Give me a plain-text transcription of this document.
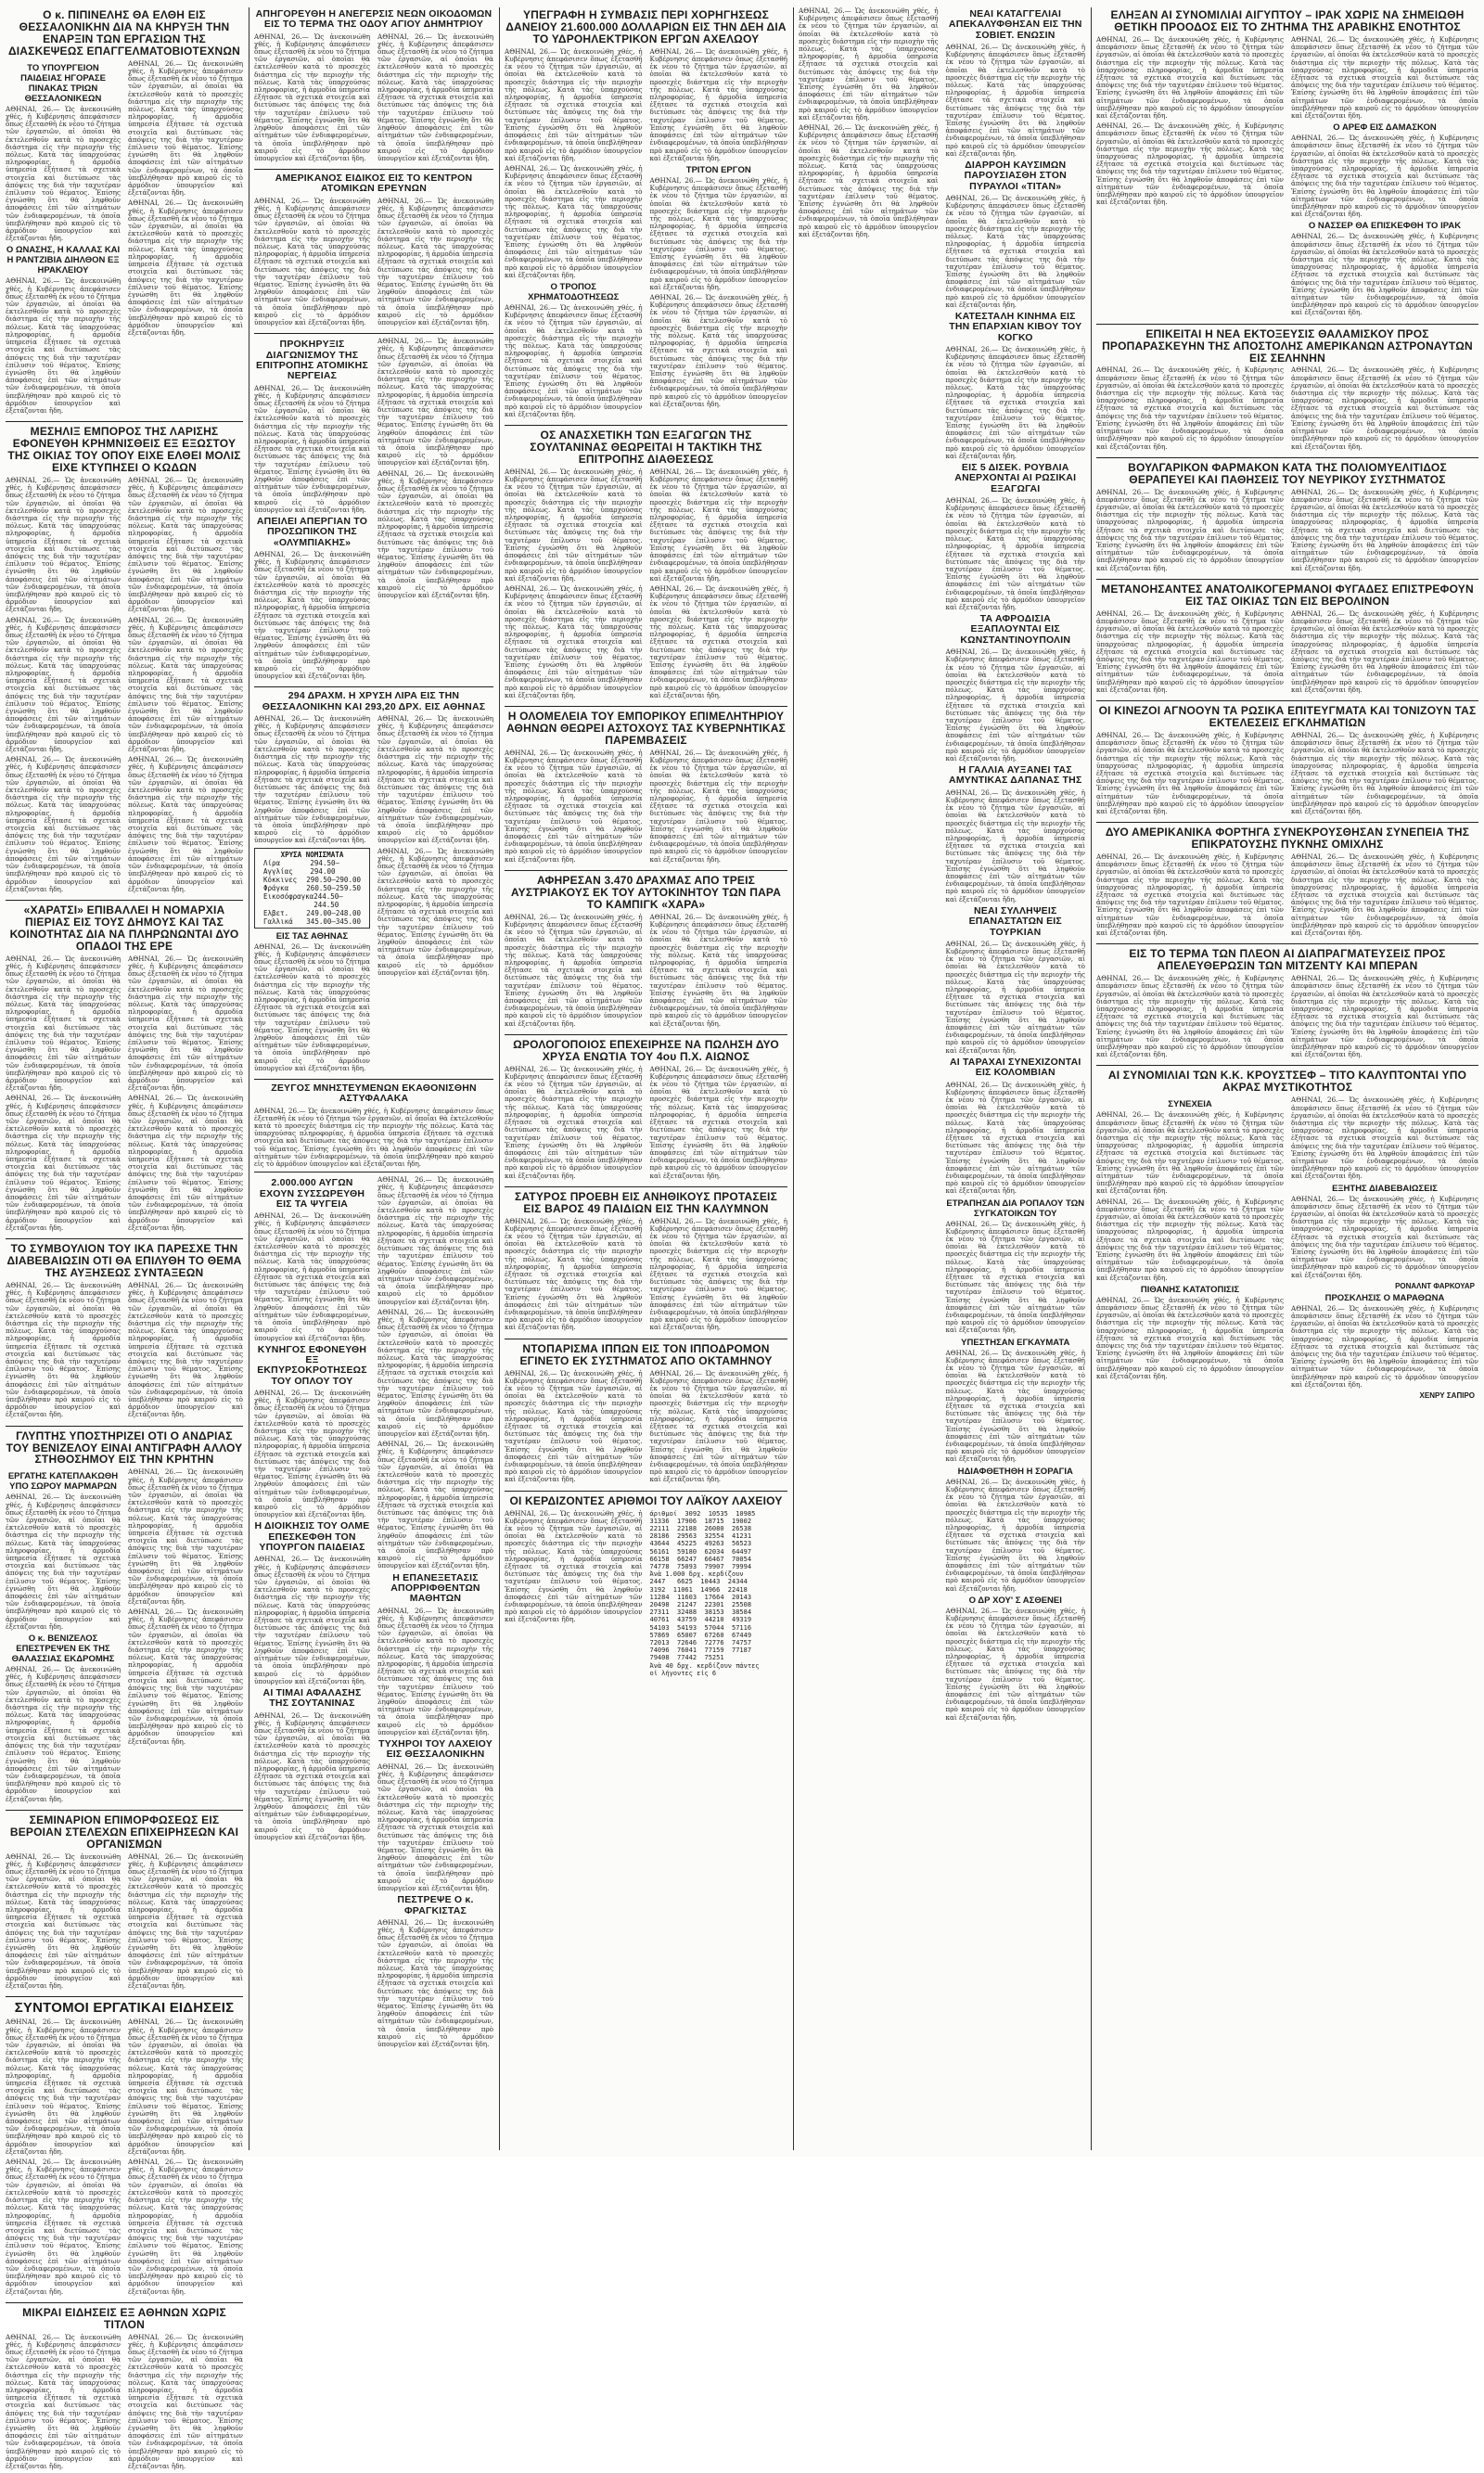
Ο κ. ΠΙΠΙΝΕΛΗΣ ΘΑ ΕΛΘΗ ΕΙΣ ΘΕΣΣΑΛΟΝΙΚΗΝ ΔΙΑ ΝΑ ΚΗΡΥΞΗ ΤΗΝ ΕΝΑΡΞΙΝ ΤΩΝ ΕΡΓΑΣΙΩΝ ΤΗΣ ΔΙΑΣΚΕΨΕΩΣ ΕΠΑΓΓΕΛΜΑΤΟΒΙΟΤΕΧΝΩΝ
ΤΟ ΥΠΟΥΡΓΕΙΟΝ ΠΑΙΔΕΙΑΣ ΗΓΟΡΑΣΕ ΠΙΝΑΚΑΣ ΤΡΙΩΝ ΘΕΣΣΑΛΟΝΙΚΕΩΝ

ΑΘΗΝΑΙ, 26.— Ὡς ἀνεκοινώθη χθές, ἡ Κυβέρνησις ἀπεφάσισεν ὅπως ἐξετασθῆ ἐκ νέου τό ζήτημα τῶν ἐργασιῶν, αἱ ὁποῖαι θὰ ἐκτελεσθοῦν κατὰ τὸ προσεχὲς διάστημα εἰς τὴν περιοχὴν τῆς πόλεως. Κατὰ τὰς ὑπαρχούσας πληροφορίας, ἡ ἀρμοδία ὑπηρεσία ἐξήτασε τὰ σχετικὰ στοιχεῖα καὶ διετύπωσε τὰς ἀπόψεις της διὰ τὴν ταχυτέραν ἐπίλυσιν τοῦ θέματος. Ἐπίσης ἐγνώσθη ὅτι θὰ ληφθοῦν ἀποφάσεις ἐπὶ τῶν αἰτημάτων τῶν ἐνδιαφερομένων, τὰ ὁποῖα ὑπεβλήθησαν πρὸ καιροῦ εἰς τὸ ἁρμόδιον ὑπουργεῖον καὶ ἐξετάζονται ἤδη.

Ο ΩΝΑΣΗΣ, Η ΚΑΛΛΑΣ ΚΑΙ Η ΡΑΝΤΖΙΒΙΑ ΔΙΗΛΘΟΝ ΕΞ ΗΡΑΚΛΕΙΟΥ

ΑΘΗΝΑΙ, 26.— Ὡς ἀνεκοινώθη χθές, ἡ Κυβέρνησις ἀπεφάσισεν ὅπως ἐξετασθῆ ἐκ νέου τό ζήτημα τῶν ἐργασιῶν, αἱ ὁποῖαι θὰ ἐκτελεσθοῦν κατὰ τὸ προσεχὲς διάστημα εἰς τὴν περιοχὴν τῆς πόλεως. Κατὰ τὰς ὑπαρχούσας πληροφορίας, ἡ ἀρμοδία ὑπηρεσία ἐξήτασε τὰ σχετικὰ στοιχεῖα καὶ διετύπωσε τὰς ἀπόψεις της διὰ τὴν ταχυτέραν ἐπίλυσιν τοῦ θέματος. Ἐπίσης ἐγνώσθη ὅτι θὰ ληφθοῦν ἀποφάσεις ἐπὶ τῶν αἰτημάτων τῶν ἐνδιαφερομένων, τὰ ὁποῖα ὑπεβλήθησαν πρὸ καιροῦ εἰς τὸ ἁρμόδιον ὑπουργεῖον καὶ ἐξετάζονται ἤδη.

ΑΘΗΝΑΙ, 26.— Ὡς ἀνεκοινώθη χθές, ἡ Κυβέρνησις ἀπεφάσισεν ὅπως ἐξετασθῆ ἐκ νέου τό ζήτημα τῶν ἐργασιῶν, αἱ ὁποῖαι θὰ ἐκτελεσθοῦν κατὰ τὸ προσεχὲς διάστημα εἰς τὴν περιοχὴν τῆς πόλεως. Κατὰ τὰς ὑπαρχούσας πληροφορίας, ἡ ἀρμοδία ὑπηρεσία ἐξήτασε τὰ σχετικὰ στοιχεῖα καὶ διετύπωσε τὰς ἀπόψεις της διὰ τὴν ταχυτέραν ἐπίλυσιν τοῦ θέματος. Ἐπίσης ἐγνώσθη ὅτι θὰ ληφθοῦν ἀποφάσεις ἐπὶ τῶν αἰτημάτων τῶν ἐνδιαφερομένων, τὰ ὁποῖα ὑπεβλήθησαν πρὸ καιροῦ εἰς τὸ ἁρμόδιον ὑπουργεῖον καὶ ἐξετάζονται ἤδη.

ΑΘΗΝΑΙ, 26.— Ὡς ἀνεκοινώθη χθές, ἡ Κυβέρνησις ἀπεφάσισεν ὅπως ἐξετασθῆ ἐκ νέου τό ζήτημα τῶν ἐργασιῶν, αἱ ὁποῖαι θὰ ἐκτελεσθοῦν κατὰ τὸ προσεχὲς διάστημα εἰς τὴν περιοχὴν τῆς πόλεως. Κατὰ τὰς ὑπαρχούσας πληροφορίας, ἡ ἀρμοδία ὑπηρεσία ἐξήτασε τὰ σχετικὰ στοιχεῖα καὶ διετύπωσε τὰς ἀπόψεις της διὰ τὴν ταχυτέραν ἐπίλυσιν τοῦ θέματος. Ἐπίσης ἐγνώσθη ὅτι θὰ ληφθοῦν ἀποφάσεις ἐπὶ τῶν αἰτημάτων τῶν ἐνδιαφερομένων, τὰ ὁποῖα ὑπεβλήθησαν πρὸ καιροῦ εἰς τὸ ἁρμόδιον ὑπουργεῖον καὶ ἐξετάζονται ἤδη.

ΜΕΣΗΛΙΞ ΕΜΠΟΡΟΣ ΤΗΣ ΛΑΡΙΣΗΣ ΕΦΟΝΕΥΘΗ ΚΡΗΜΝΙΣΘΕΙΣ ΕΞ ΕΞΩΣΤΟΥ ΤΗΣ ΟΙΚΙΑΣ ΤΟΥ ΟΠΟΥ ΕΙΧΕ ΕΛΘΕΙ ΜΟΛΙΣ ΕΙΧΕ ΚΤΥΠΗΣΕΙ Ο ΚΩΔΩΝ

ΑΘΗΝΑΙ, 26.— Ὡς ἀνεκοινώθη χθές, ἡ Κυβέρνησις ἀπεφάσισεν ὅπως ἐξετασθῆ ἐκ νέου τό ζήτημα τῶν ἐργασιῶν, αἱ ὁποῖαι θὰ ἐκτελεσθοῦν κατὰ τὸ προσεχὲς διάστημα εἰς τὴν περιοχὴν τῆς πόλεως. Κατὰ τὰς ὑπαρχούσας πληροφορίας, ἡ ἀρμοδία ὑπηρεσία ἐξήτασε τὰ σχετικὰ στοιχεῖα καὶ διετύπωσε τὰς ἀπόψεις της διὰ τὴν ταχυτέραν ἐπίλυσιν τοῦ θέματος. Ἐπίσης ἐγνώσθη ὅτι θὰ ληφθοῦν ἀποφάσεις ἐπὶ τῶν αἰτημάτων τῶν ἐνδιαφερομένων, τὰ ὁποῖα ὑπεβλήθησαν πρὸ καιροῦ εἰς τὸ ἁρμόδιον ὑπουργεῖον καὶ ἐξετάζονται ἤδη.

ΑΘΗΝΑΙ, 26.— Ὡς ἀνεκοινώθη χθές, ἡ Κυβέρνησις ἀπεφάσισεν ὅπως ἐξετασθῆ ἐκ νέου τό ζήτημα τῶν ἐργασιῶν, αἱ ὁποῖαι θὰ ἐκτελεσθοῦν κατὰ τὸ προσεχὲς διάστημα εἰς τὴν περιοχὴν τῆς πόλεως. Κατὰ τὰς ὑπαρχούσας πληροφορίας, ἡ ἀρμοδία ὑπηρεσία ἐξήτασε τὰ σχετικὰ στοιχεῖα καὶ διετύπωσε τὰς ἀπόψεις της διὰ τὴν ταχυτέραν ἐπίλυσιν τοῦ θέματος. Ἐπίσης ἐγνώσθη ὅτι θὰ ληφθοῦν ἀποφάσεις ἐπὶ τῶν αἰτημάτων τῶν ἐνδιαφερομένων, τὰ ὁποῖα ὑπεβλήθησαν πρὸ καιροῦ εἰς τὸ ἁρμόδιον ὑπουργεῖον καὶ ἐξετάζονται ἤδη.

ΑΘΗΝΑΙ, 26.— Ὡς ἀνεκοινώθη χθές, ἡ Κυβέρνησις ἀπεφάσισεν ὅπως ἐξετασθῆ ἐκ νέου τό ζήτημα τῶν ἐργασιῶν, αἱ ὁποῖαι θὰ ἐκτελεσθοῦν κατὰ τὸ προσεχὲς διάστημα εἰς τὴν περιοχὴν τῆς πόλεως. Κατὰ τὰς ὑπαρχούσας πληροφορίας, ἡ ἀρμοδία ὑπηρεσία ἐξήτασε τὰ σχετικὰ στοιχεῖα καὶ διετύπωσε τὰς ἀπόψεις της διὰ τὴν ταχυτέραν ἐπίλυσιν τοῦ θέματος. Ἐπίσης ἐγνώσθη ὅτι θὰ ληφθοῦν ἀποφάσεις ἐπὶ τῶν αἰτημάτων τῶν ἐνδιαφερομένων, τὰ ὁποῖα ὑπεβλήθησαν πρὸ καιροῦ εἰς τὸ ἁρμόδιον ὑπουργεῖον καὶ ἐξετάζονται ἤδη.

ΑΘΗΝΑΙ, 26.— Ὡς ἀνεκοινώθη χθές, ἡ Κυβέρνησις ἀπεφάσισεν ὅπως ἐξετασθῆ ἐκ νέου τό ζήτημα τῶν ἐργασιῶν, αἱ ὁποῖαι θὰ ἐκτελεσθοῦν κατὰ τὸ προσεχὲς διάστημα εἰς τὴν περιοχὴν τῆς πόλεως. Κατὰ τὰς ὑπαρχούσας πληροφορίας, ἡ ἀρμοδία ὑπηρεσία ἐξήτασε τὰ σχετικὰ στοιχεῖα καὶ διετύπωσε τὰς ἀπόψεις της διὰ τὴν ταχυτέραν ἐπίλυσιν τοῦ θέματος. Ἐπίσης ἐγνώσθη ὅτι θὰ ληφθοῦν ἀποφάσεις ἐπὶ τῶν αἰτημάτων τῶν ἐνδιαφερομένων, τὰ ὁποῖα ὑπεβλήθησαν πρὸ καιροῦ εἰς τὸ ἁρμόδιον ὑπουργεῖον καὶ ἐξετάζονται ἤδη.

ΑΘΗΝΑΙ, 26.— Ὡς ἀνεκοινώθη χθές, ἡ Κυβέρνησις ἀπεφάσισεν ὅπως ἐξετασθῆ ἐκ νέου τό ζήτημα τῶν ἐργασιῶν, αἱ ὁποῖαι θὰ ἐκτελεσθοῦν κατὰ τὸ προσεχὲς διάστημα εἰς τὴν περιοχὴν τῆς πόλεως. Κατὰ τὰς ὑπαρχούσας πληροφορίας, ἡ ἀρμοδία ὑπηρεσία ἐξήτασε τὰ σχετικὰ στοιχεῖα καὶ διετύπωσε τὰς ἀπόψεις της διὰ τὴν ταχυτέραν ἐπίλυσιν τοῦ θέματος. Ἐπίσης ἐγνώσθη ὅτι θὰ ληφθοῦν ἀποφάσεις ἐπὶ τῶν αἰτημάτων τῶν ἐνδιαφερομένων, τὰ ὁποῖα ὑπεβλήθησαν πρὸ καιροῦ εἰς τὸ ἁρμόδιον ὑπουργεῖον καὶ ἐξετάζονται ἤδη.

ΑΘΗΝΑΙ, 26.— Ὡς ἀνεκοινώθη χθές, ἡ Κυβέρνησις ἀπεφάσισεν ὅπως ἐξετασθῆ ἐκ νέου τό ζήτημα τῶν ἐργασιῶν, αἱ ὁποῖαι θὰ ἐκτελεσθοῦν κατὰ τὸ προσεχὲς διάστημα εἰς τὴν περιοχὴν τῆς πόλεως. Κατὰ τὰς ὑπαρχούσας πληροφορίας, ἡ ἀρμοδία ὑπηρεσία ἐξήτασε τὰ σχετικὰ στοιχεῖα καὶ διετύπωσε τὰς ἀπόψεις της διὰ τὴν ταχυτέραν ἐπίλυσιν τοῦ θέματος. Ἐπίσης ἐγνώσθη ὅτι θὰ ληφθοῦν ἀποφάσεις ἐπὶ τῶν αἰτημάτων τῶν ἐνδιαφερομένων, τὰ ὁποῖα ὑπεβλήθησαν πρὸ καιροῦ εἰς τὸ ἁρμόδιον ὑπουργεῖον καὶ ἐξετάζονται ἤδη.

«ΧΑΡΑΤΣΙ» ΕΠΙΒΑΛΛΕΙ Η ΝΟΜΑΡΧΙΑ ΠΙΕΡΙΑΣ ΕΙΣ ΤΟΥΣ ΔΗΜΟΥΣ ΚΑΙ ΤΑΣ ΚΟΙΝΟΤΗΤΑΣ ΔΙΑ ΝΑ ΠΛΗΡΩΝΩΝΤΑΙ ΔΥΟ ΟΠΑΔΟΙ ΤΗΣ ΕΡΕ

ΑΘΗΝΑΙ, 26.— Ὡς ἀνεκοινώθη χθές, ἡ Κυβέρνησις ἀπεφάσισεν ὅπως ἐξετασθῆ ἐκ νέου τό ζήτημα τῶν ἐργασιῶν, αἱ ὁποῖαι θὰ ἐκτελεσθοῦν κατὰ τὸ προσεχὲς διάστημα εἰς τὴν περιοχὴν τῆς πόλεως. Κατὰ τὰς ὑπαρχούσας πληροφορίας, ἡ ἀρμοδία ὑπηρεσία ἐξήτασε τὰ σχετικὰ στοιχεῖα καὶ διετύπωσε τὰς ἀπόψεις της διὰ τὴν ταχυτέραν ἐπίλυσιν τοῦ θέματος. Ἐπίσης ἐγνώσθη ὅτι θὰ ληφθοῦν ἀποφάσεις ἐπὶ τῶν αἰτημάτων τῶν ἐνδιαφερομένων, τὰ ὁποῖα ὑπεβλήθησαν πρὸ καιροῦ εἰς τὸ ἁρμόδιον ὑπουργεῖον καὶ ἐξετάζονται ἤδη.

ΑΘΗΝΑΙ, 26.— Ὡς ἀνεκοινώθη χθές, ἡ Κυβέρνησις ἀπεφάσισεν ὅπως ἐξετασθῆ ἐκ νέου τό ζήτημα τῶν ἐργασιῶν, αἱ ὁποῖαι θὰ ἐκτελεσθοῦν κατὰ τὸ προσεχὲς διάστημα εἰς τὴν περιοχὴν τῆς πόλεως. Κατὰ τὰς ὑπαρχούσας πληροφορίας, ἡ ἀρμοδία ὑπηρεσία ἐξήτασε τὰ σχετικὰ στοιχεῖα καὶ διετύπωσε τὰς ἀπόψεις της διὰ τὴν ταχυτέραν ἐπίλυσιν τοῦ θέματος. Ἐπίσης ἐγνώσθη ὅτι θὰ ληφθοῦν ἀποφάσεις ἐπὶ τῶν αἰτημάτων τῶν ἐνδιαφερομένων, τὰ ὁποῖα ὑπεβλήθησαν πρὸ καιροῦ εἰς τὸ ἁρμόδιον ὑπουργεῖον καὶ ἐξετάζονται ἤδη.

ΑΘΗΝΑΙ, 26.— Ὡς ἀνεκοινώθη χθές, ἡ Κυβέρνησις ἀπεφάσισεν ὅπως ἐξετασθῆ ἐκ νέου τό ζήτημα τῶν ἐργασιῶν, αἱ ὁποῖαι θὰ ἐκτελεσθοῦν κατὰ τὸ προσεχὲς διάστημα εἰς τὴν περιοχὴν τῆς πόλεως. Κατὰ τὰς ὑπαρχούσας πληροφορίας, ἡ ἀρμοδία ὑπηρεσία ἐξήτασε τὰ σχετικὰ στοιχεῖα καὶ διετύπωσε τὰς ἀπόψεις της διὰ τὴν ταχυτέραν ἐπίλυσιν τοῦ θέματος. Ἐπίσης ἐγνώσθη ὅτι θὰ ληφθοῦν ἀποφάσεις ἐπὶ τῶν αἰτημάτων τῶν ἐνδιαφερομένων, τὰ ὁποῖα ὑπεβλήθησαν πρὸ καιροῦ εἰς τὸ ἁρμόδιον ὑπουργεῖον καὶ ἐξετάζονται ἤδη.

ΑΘΗΝΑΙ, 26.— Ὡς ἀνεκοινώθη χθές, ἡ Κυβέρνησις ἀπεφάσισεν ὅπως ἐξετασθῆ ἐκ νέου τό ζήτημα τῶν ἐργασιῶν, αἱ ὁποῖαι θὰ ἐκτελεσθοῦν κατὰ τὸ προσεχὲς διάστημα εἰς τὴν περιοχὴν τῆς πόλεως. Κατὰ τὰς ὑπαρχούσας πληροφορίας, ἡ ἀρμοδία ὑπηρεσία ἐξήτασε τὰ σχετικὰ στοιχεῖα καὶ διετύπωσε τὰς ἀπόψεις της διὰ τὴν ταχυτέραν ἐπίλυσιν τοῦ θέματος. Ἐπίσης ἐγνώσθη ὅτι θὰ ληφθοῦν ἀποφάσεις ἐπὶ τῶν αἰτημάτων τῶν ἐνδιαφερομένων, τὰ ὁποῖα ὑπεβλήθησαν πρὸ καιροῦ εἰς τὸ ἁρμόδιον ὑπουργεῖον καὶ ἐξετάζονται ἤδη.

ΤΟ ΣΥΜΒΟΥΛΙΟΝ ΤΟΥ ΙΚΑ ΠΑΡΕΣΧΕ ΤΗΝ ΔΙΑΒΕΒΑΙΩΣΙΝ ΟΤΙ ΘΑ ΕΠΙΛΥΘΗ ΤΟ ΘΕΜΑ ΤΗΣ ΑΥΞΗΣΕΩΣ ΣΥΝΤΑΞΕΩΝ

ΑΘΗΝΑΙ, 26.— Ὡς ἀνεκοινώθη χθές, ἡ Κυβέρνησις ἀπεφάσισεν ὅπως ἐξετασθῆ ἐκ νέου τό ζήτημα τῶν ἐργασιῶν, αἱ ὁποῖαι θὰ ἐκτελεσθοῦν κατὰ τὸ προσεχὲς διάστημα εἰς τὴν περιοχὴν τῆς πόλεως. Κατὰ τὰς ὑπαρχούσας πληροφορίας, ἡ ἀρμοδία ὑπηρεσία ἐξήτασε τὰ σχετικὰ στοιχεῖα καὶ διετύπωσε τὰς ἀπόψεις της διὰ τὴν ταχυτέραν ἐπίλυσιν τοῦ θέματος. Ἐπίσης ἐγνώσθη ὅτι θὰ ληφθοῦν ἀποφάσεις ἐπὶ τῶν αἰτημάτων τῶν ἐνδιαφερομένων, τὰ ὁποῖα ὑπεβλήθησαν πρὸ καιροῦ εἰς τὸ ἁρμόδιον ὑπουργεῖον καὶ ἐξετάζονται ἤδη.

ΑΘΗΝΑΙ, 26.— Ὡς ἀνεκοινώθη χθές, ἡ Κυβέρνησις ἀπεφάσισεν ὅπως ἐξετασθῆ ἐκ νέου τό ζήτημα τῶν ἐργασιῶν, αἱ ὁποῖαι θὰ ἐκτελεσθοῦν κατὰ τὸ προσεχὲς διάστημα εἰς τὴν περιοχὴν τῆς πόλεως. Κατὰ τὰς ὑπαρχούσας πληροφορίας, ἡ ἀρμοδία ὑπηρεσία ἐξήτασε τὰ σχετικὰ στοιχεῖα καὶ διετύπωσε τὰς ἀπόψεις της διὰ τὴν ταχυτέραν ἐπίλυσιν τοῦ θέματος. Ἐπίσης ἐγνώσθη ὅτι θὰ ληφθοῦν ἀποφάσεις ἐπὶ τῶν αἰτημάτων τῶν ἐνδιαφερομένων, τὰ ὁποῖα ὑπεβλήθησαν πρὸ καιροῦ εἰς τὸ ἁρμόδιον ὑπουργεῖον καὶ ἐξετάζονται ἤδη.

ΓΛΥΠΤΗΣ ΥΠΟΣΤΗΡΙΖΕΙ ΟΤΙ Ο ΑΝΔΡΙΑΣ ΤΟΥ ΒΕΝΙΖΕΛΟΥ ΕΙΝΑΙ ΑΝΤΙΓΡΑΦΗ ΑΛΛΟΥ ΣΤΗΘΟΣΗΜΟΥ ΕΙΣ ΤΗΝ ΚΡΗΤΗΝ
ΕΡΓΑΤΗΣ ΚΑΤΕΠΛΑΚΩΘΗ ΥΠΟ ΣΩΡΟΥ ΜΑΡΜΑΡΩΝ

ΑΘΗΝΑΙ, 26.— Ὡς ἀνεκοινώθη χθές, ἡ Κυβέρνησις ἀπεφάσισεν ὅπως ἐξετασθῆ ἐκ νέου τό ζήτημα τῶν ἐργασιῶν, αἱ ὁποῖαι θὰ ἐκτελεσθοῦν κατὰ τὸ προσεχὲς διάστημα εἰς τὴν περιοχὴν τῆς πόλεως. Κατὰ τὰς ὑπαρχούσας πληροφορίας, ἡ ἀρμοδία ὑπηρεσία ἐξήτασε τὰ σχετικὰ στοιχεῖα καὶ διετύπωσε τὰς ἀπόψεις της διὰ τὴν ταχυτέραν ἐπίλυσιν τοῦ θέματος. Ἐπίσης ἐγνώσθη ὅτι θὰ ληφθοῦν ἀποφάσεις ἐπὶ τῶν αἰτημάτων τῶν ἐνδιαφερομένων, τὰ ὁποῖα ὑπεβλήθησαν πρὸ καιροῦ εἰς τὸ ἁρμόδιον ὑπουργεῖον καὶ ἐξετάζονται ἤδη.

Ο κ. ΒΕΝΙΖΕΛΟΣ ΕΠΕΣΤΡΕΨΕΝ ΕΚ ΤΗΣ ΘΑΛΑΣΣΙΑΣ ΕΚΔΡΟΜΗΣ

ΑΘΗΝΑΙ, 26.— Ὡς ἀνεκοινώθη χθές, ἡ Κυβέρνησις ἀπεφάσισεν ὅπως ἐξετασθῆ ἐκ νέου τό ζήτημα τῶν ἐργασιῶν, αἱ ὁποῖαι θὰ ἐκτελεσθοῦν κατὰ τὸ προσεχὲς διάστημα εἰς τὴν περιοχὴν τῆς πόλεως. Κατὰ τὰς ὑπαρχούσας πληροφορίας, ἡ ἀρμοδία ὑπηρεσία ἐξήτασε τὰ σχετικὰ στοιχεῖα καὶ διετύπωσε τὰς ἀπόψεις της διὰ τὴν ταχυτέραν ἐπίλυσιν τοῦ θέματος. Ἐπίσης ἐγνώσθη ὅτι θὰ ληφθοῦν ἀποφάσεις ἐπὶ τῶν αἰτημάτων τῶν ἐνδιαφερομένων, τὰ ὁποῖα ὑπεβλήθησαν πρὸ καιροῦ εἰς τὸ ἁρμόδιον ὑπουργεῖον καὶ ἐξετάζονται ἤδη.

ΑΘΗΝΑΙ, 26.— Ὡς ἀνεκοινώθη χθές, ἡ Κυβέρνησις ἀπεφάσισεν ὅπως ἐξετασθῆ ἐκ νέου τό ζήτημα τῶν ἐργασιῶν, αἱ ὁποῖαι θὰ ἐκτελεσθοῦν κατὰ τὸ προσεχὲς διάστημα εἰς τὴν περιοχὴν τῆς πόλεως. Κατὰ τὰς ὑπαρχούσας πληροφορίας, ἡ ἀρμοδία ὑπηρεσία ἐξήτασε τὰ σχετικὰ στοιχεῖα καὶ διετύπωσε τὰς ἀπόψεις της διὰ τὴν ταχυτέραν ἐπίλυσιν τοῦ θέματος. Ἐπίσης ἐγνώσθη ὅτι θὰ ληφθοῦν ἀποφάσεις ἐπὶ τῶν αἰτημάτων τῶν ἐνδιαφερομένων, τὰ ὁποῖα ὑπεβλήθησαν πρὸ καιροῦ εἰς τὸ ἁρμόδιον ὑπουργεῖον καὶ ἐξετάζονται ἤδη.

ΑΘΗΝΑΙ, 26.— Ὡς ἀνεκοινώθη χθές, ἡ Κυβέρνησις ἀπεφάσισεν ὅπως ἐξετασθῆ ἐκ νέου τό ζήτημα τῶν ἐργασιῶν, αἱ ὁποῖαι θὰ ἐκτελεσθοῦν κατὰ τὸ προσεχὲς διάστημα εἰς τὴν περιοχὴν τῆς πόλεως. Κατὰ τὰς ὑπαρχούσας πληροφορίας, ἡ ἀρμοδία ὑπηρεσία ἐξήτασε τὰ σχετικὰ στοιχεῖα καὶ διετύπωσε τὰς ἀπόψεις της διὰ τὴν ταχυτέραν ἐπίλυσιν τοῦ θέματος. Ἐπίσης ἐγνώσθη ὅτι θὰ ληφθοῦν ἀποφάσεις ἐπὶ τῶν αἰτημάτων τῶν ἐνδιαφερομένων, τὰ ὁποῖα ὑπεβλήθησαν πρὸ καιροῦ εἰς τὸ ἁρμόδιον ὑπουργεῖον καὶ ἐξετάζονται ἤδη.

ΣΕΜΙΝΑΡΙΟΝ ΕΠΙΜΟΡΦΩΣΕΩΣ ΕΙΣ ΒΕΡΟΙΑΝ ΣΤΕΛΕΧΩΝ ΕΠΙΧΕΙΡΗΣΕΩΝ ΚΑΙ ΟΡΓΑΝΙΣΜΩΝ

ΑΘΗΝΑΙ, 26.— Ὡς ἀνεκοινώθη χθές, ἡ Κυβέρνησις ἀπεφάσισεν ὅπως ἐξετασθῆ ἐκ νέου τό ζήτημα τῶν ἐργασιῶν, αἱ ὁποῖαι θὰ ἐκτελεσθοῦν κατὰ τὸ προσεχὲς διάστημα εἰς τὴν περιοχὴν τῆς πόλεως. Κατὰ τὰς ὑπαρχούσας πληροφορίας, ἡ ἀρμοδία ὑπηρεσία ἐξήτασε τὰ σχετικὰ στοιχεῖα καὶ διετύπωσε τὰς ἀπόψεις της διὰ τὴν ταχυτέραν ἐπίλυσιν τοῦ θέματος. Ἐπίσης ἐγνώσθη ὅτι θὰ ληφθοῦν ἀποφάσεις ἐπὶ τῶν αἰτημάτων τῶν ἐνδιαφερομένων, τὰ ὁποῖα ὑπεβλήθησαν πρὸ καιροῦ εἰς τὸ ἁρμόδιον ὑπουργεῖον καὶ ἐξετάζονται ἤδη.

ΑΘΗΝΑΙ, 26.— Ὡς ἀνεκοινώθη χθές, ἡ Κυβέρνησις ἀπεφάσισεν ὅπως ἐξετασθῆ ἐκ νέου τό ζήτημα τῶν ἐργασιῶν, αἱ ὁποῖαι θὰ ἐκτελεσθοῦν κατὰ τὸ προσεχὲς διάστημα εἰς τὴν περιοχὴν τῆς πόλεως. Κατὰ τὰς ὑπαρχούσας πληροφορίας, ἡ ἀρμοδία ὑπηρεσία ἐξήτασε τὰ σχετικὰ στοιχεῖα καὶ διετύπωσε τὰς ἀπόψεις της διὰ τὴν ταχυτέραν ἐπίλυσιν τοῦ θέματος. Ἐπίσης ἐγνώσθη ὅτι θὰ ληφθοῦν ἀποφάσεις ἐπὶ τῶν αἰτημάτων τῶν ἐνδιαφερομένων, τὰ ὁποῖα ὑπεβλήθησαν πρὸ καιροῦ εἰς τὸ ἁρμόδιον ὑπουργεῖον καὶ ἐξετάζονται ἤδη.

ΣΥΝΤΟΜΟΙ ΕΡΓΑΤΙΚΑΙ ΕΙΔΗΣΕΙΣ

ΑΘΗΝΑΙ, 26.— Ὡς ἀνεκοινώθη χθές, ἡ Κυβέρνησις ἀπεφάσισεν ὅπως ἐξετασθῆ ἐκ νέου τό ζήτημα τῶν ἐργασιῶν, αἱ ὁποῖαι θὰ ἐκτελεσθοῦν κατὰ τὸ προσεχὲς διάστημα εἰς τὴν περιοχὴν τῆς πόλεως. Κατὰ τὰς ὑπαρχούσας πληροφορίας, ἡ ἀρμοδία ὑπηρεσία ἐξήτασε τὰ σχετικὰ στοιχεῖα καὶ διετύπωσε τὰς ἀπόψεις της διὰ τὴν ταχυτέραν ἐπίλυσιν τοῦ θέματος. Ἐπίσης ἐγνώσθη ὅτι θὰ ληφθοῦν ἀποφάσεις ἐπὶ τῶν αἰτημάτων τῶν ἐνδιαφερομένων, τὰ ὁποῖα ὑπεβλήθησαν πρὸ καιροῦ εἰς τὸ ἁρμόδιον ὑπουργεῖον καὶ ἐξετάζονται ἤδη.

ΑΘΗΝΑΙ, 26.— Ὡς ἀνεκοινώθη χθές, ἡ Κυβέρνησις ἀπεφάσισεν ὅπως ἐξετασθῆ ἐκ νέου τό ζήτημα τῶν ἐργασιῶν, αἱ ὁποῖαι θὰ ἐκτελεσθοῦν κατὰ τὸ προσεχὲς διάστημα εἰς τὴν περιοχὴν τῆς πόλεως. Κατὰ τὰς ὑπαρχούσας πληροφορίας, ἡ ἀρμοδία ὑπηρεσία ἐξήτασε τὰ σχετικὰ στοιχεῖα καὶ διετύπωσε τὰς ἀπόψεις της διὰ τὴν ταχυτέραν ἐπίλυσιν τοῦ θέματος. Ἐπίσης ἐγνώσθη ὅτι θὰ ληφθοῦν ἀποφάσεις ἐπὶ τῶν αἰτημάτων τῶν ἐνδιαφερομένων, τὰ ὁποῖα ὑπεβλήθησαν πρὸ καιροῦ εἰς τὸ ἁρμόδιον ὑπουργεῖον καὶ ἐξετάζονται ἤδη.

ΑΘΗΝΑΙ, 26.— Ὡς ἀνεκοινώθη χθές, ἡ Κυβέρνησις ἀπεφάσισεν ὅπως ἐξετασθῆ ἐκ νέου τό ζήτημα τῶν ἐργασιῶν, αἱ ὁποῖαι θὰ ἐκτελεσθοῦν κατὰ τὸ προσεχὲς διάστημα εἰς τὴν περιοχὴν τῆς πόλεως. Κατὰ τὰς ὑπαρχούσας πληροφορίας, ἡ ἀρμοδία ὑπηρεσία ἐξήτασε τὰ σχετικὰ στοιχεῖα καὶ διετύπωσε τὰς ἀπόψεις της διὰ τὴν ταχυτέραν ἐπίλυσιν τοῦ θέματος. Ἐπίσης ἐγνώσθη ὅτι θὰ ληφθοῦν ἀποφάσεις ἐπὶ τῶν αἰτημάτων τῶν ἐνδιαφερομένων, τὰ ὁποῖα ὑπεβλήθησαν πρὸ καιροῦ εἰς τὸ ἁρμόδιον ὑπουργεῖον καὶ ἐξετάζονται ἤδη.

ΑΘΗΝΑΙ, 26.— Ὡς ἀνεκοινώθη χθές, ἡ Κυβέρνησις ἀπεφάσισεν ὅπως ἐξετασθῆ ἐκ νέου τό ζήτημα τῶν ἐργασιῶν, αἱ ὁποῖαι θὰ ἐκτελεσθοῦν κατὰ τὸ προσεχὲς διάστημα εἰς τὴν περιοχὴν τῆς πόλεως. Κατὰ τὰς ὑπαρχούσας πληροφορίας, ἡ ἀρμοδία ὑπηρεσία ἐξήτασε τὰ σχετικὰ στοιχεῖα καὶ διετύπωσε τὰς ἀπόψεις της διὰ τὴν ταχυτέραν ἐπίλυσιν τοῦ θέματος. Ἐπίσης ἐγνώσθη ὅτι θὰ ληφθοῦν ἀποφάσεις ἐπὶ τῶν αἰτημάτων τῶν ἐνδιαφερομένων, τὰ ὁποῖα ὑπεβλήθησαν πρὸ καιροῦ εἰς τὸ ἁρμόδιον ὑπουργεῖον καὶ ἐξετάζονται ἤδη.

ΜΙΚΡΑΙ ΕΙΔΗΣΕΙΣ ΕΞ ΑΘΗΝΩΝ ΧΩΡΙΣ ΤΙΤΛΟΝ

ΑΘΗΝΑΙ, 26.— Ὡς ἀνεκοινώθη χθές, ἡ Κυβέρνησις ἀπεφάσισεν ὅπως ἐξετασθῆ ἐκ νέου τό ζήτημα τῶν ἐργασιῶν, αἱ ὁποῖαι θὰ ἐκτελεσθοῦν κατὰ τὸ προσεχὲς διάστημα εἰς τὴν περιοχὴν τῆς πόλεως. Κατὰ τὰς ὑπαρχούσας πληροφορίας, ἡ ἀρμοδία ὑπηρεσία ἐξήτασε τὰ σχετικὰ στοιχεῖα καὶ διετύπωσε τὰς ἀπόψεις της διὰ τὴν ταχυτέραν ἐπίλυσιν τοῦ θέματος. Ἐπίσης ἐγνώσθη ὅτι θὰ ληφθοῦν ἀποφάσεις ἐπὶ τῶν αἰτημάτων τῶν ἐνδιαφερομένων, τὰ ὁποῖα ὑπεβλήθησαν πρὸ καιροῦ εἰς τὸ ἁρμόδιον ὑπουργεῖον καὶ ἐξετάζονται ἤδη.

ΑΘΗΝΑΙ, 26.— Ὡς ἀνεκοινώθη χθές, ἡ Κυβέρνησις ἀπεφάσισεν ὅπως ἐξετασθῆ ἐκ νέου τό ζήτημα τῶν ἐργασιῶν, αἱ ὁποῖαι θὰ ἐκτελεσθοῦν κατὰ τὸ προσεχὲς διάστημα εἰς τὴν περιοχὴν τῆς πόλεως. Κατὰ τὰς ὑπαρχούσας πληροφορίας, ἡ ἀρμοδία ὑπηρεσία ἐξήτασε τὰ σχετικὰ στοιχεῖα καὶ διετύπωσε τὰς ἀπόψεις της διὰ τὴν ταχυτέραν ἐπίλυσιν τοῦ θέματος. Ἐπίσης ἐγνώσθη ὅτι θὰ ληφθοῦν ἀποφάσεις ἐπὶ τῶν αἰτημάτων τῶν ἐνδιαφερομένων, τὰ ὁποῖα ὑπεβλήθησαν πρὸ καιροῦ εἰς τὸ ἁρμόδιον ὑπουργεῖον καὶ ἐξετάζονται ἤδη.

ΑΠΗΓΟΡΕΥΘΗ Η ΑΝΕΓΕΡΣΙΣ ΝΕΩΝ ΟΙΚΟΔΟΜΩΝ ΕΙΣ ΤΟ ΤΕΡΜΑ ΤΗΣ ΟΔΟΥ ΑΓΙΟΥ ΔΗΜΗΤΡΙΟΥ

ΑΘΗΝΑΙ, 26.— Ὡς ἀνεκοινώθη χθές, ἡ Κυβέρνησις ἀπεφάσισεν ὅπως ἐξετασθῆ ἐκ νέου τό ζήτημα τῶν ἐργασιῶν, αἱ ὁποῖαι θὰ ἐκτελεσθοῦν κατὰ τὸ προσεχὲς διάστημα εἰς τὴν περιοχὴν τῆς πόλεως. Κατὰ τὰς ὑπαρχούσας πληροφορίας, ἡ ἀρμοδία ὑπηρεσία ἐξήτασε τὰ σχετικὰ στοιχεῖα καὶ διετύπωσε τὰς ἀπόψεις της διὰ τὴν ταχυτέραν ἐπίλυσιν τοῦ θέματος. Ἐπίσης ἐγνώσθη ὅτι θὰ ληφθοῦν ἀποφάσεις ἐπὶ τῶν αἰτημάτων τῶν ἐνδιαφερομένων, τὰ ὁποῖα ὑπεβλήθησαν πρὸ καιροῦ εἰς τὸ ἁρμόδιον ὑπουργεῖον καὶ ἐξετάζονται ἤδη.

ΑΘΗΝΑΙ, 26.— Ὡς ἀνεκοινώθη χθές, ἡ Κυβέρνησις ἀπεφάσισεν ὅπως ἐξετασθῆ ἐκ νέου τό ζήτημα τῶν ἐργασιῶν, αἱ ὁποῖαι θὰ ἐκτελεσθοῦν κατὰ τὸ προσεχὲς διάστημα εἰς τὴν περιοχὴν τῆς πόλεως. Κατὰ τὰς ὑπαρχούσας πληροφορίας, ἡ ἀρμοδία ὑπηρεσία ἐξήτασε τὰ σχετικὰ στοιχεῖα καὶ διετύπωσε τὰς ἀπόψεις της διὰ τὴν ταχυτέραν ἐπίλυσιν τοῦ θέματος. Ἐπίσης ἐγνώσθη ὅτι θὰ ληφθοῦν ἀποφάσεις ἐπὶ τῶν αἰτημάτων τῶν ἐνδιαφερομένων, τὰ ὁποῖα ὑπεβλήθησαν πρὸ καιροῦ εἰς τὸ ἁρμόδιον ὑπουργεῖον καὶ ἐξετάζονται ἤδη.

ΑΜΕΡΙΚΑΝΟΣ ΕΙΔΙΚΟΣ ΕΙΣ ΤΟ ΚΕΝΤΡΟΝ ΑΤΟΜΙΚΩΝ ΕΡΕΥΝΩΝ

ΑΘΗΝΑΙ, 26.— Ὡς ἀνεκοινώθη χθές, ἡ Κυβέρνησις ἀπεφάσισεν ὅπως ἐξετασθῆ ἐκ νέου τό ζήτημα τῶν ἐργασιῶν, αἱ ὁποῖαι θὰ ἐκτελεσθοῦν κατὰ τὸ προσεχὲς διάστημα εἰς τὴν περιοχὴν τῆς πόλεως. Κατὰ τὰς ὑπαρχούσας πληροφορίας, ἡ ἀρμοδία ὑπηρεσία ἐξήτασε τὰ σχετικὰ στοιχεῖα καὶ διετύπωσε τὰς ἀπόψεις της διὰ τὴν ταχυτέραν ἐπίλυσιν τοῦ θέματος. Ἐπίσης ἐγνώσθη ὅτι θὰ ληφθοῦν ἀποφάσεις ἐπὶ τῶν αἰτημάτων τῶν ἐνδιαφερομένων, τὰ ὁποῖα ὑπεβλήθησαν πρὸ καιροῦ εἰς τὸ ἁρμόδιον ὑπουργεῖον καὶ ἐξετάζονται ἤδη.

ΑΘΗΝΑΙ, 26.— Ὡς ἀνεκοινώθη χθές, ἡ Κυβέρνησις ἀπεφάσισεν ὅπως ἐξετασθῆ ἐκ νέου τό ζήτημα τῶν ἐργασιῶν, αἱ ὁποῖαι θὰ ἐκτελεσθοῦν κατὰ τὸ προσεχὲς διάστημα εἰς τὴν περιοχὴν τῆς πόλεως. Κατὰ τὰς ὑπαρχούσας πληροφορίας, ἡ ἀρμοδία ὑπηρεσία ἐξήτασε τὰ σχετικὰ στοιχεῖα καὶ διετύπωσε τὰς ἀπόψεις της διὰ τὴν ταχυτέραν ἐπίλυσιν τοῦ θέματος. Ἐπίσης ἐγνώσθη ὅτι θὰ ληφθοῦν ἀποφάσεις ἐπὶ τῶν αἰτημάτων τῶν ἐνδιαφερομένων, τὰ ὁποῖα ὑπεβλήθησαν πρὸ καιροῦ εἰς τὸ ἁρμόδιον ὑπουργεῖον καὶ ἐξετάζονται ἤδη.

ΠΡΟΚΗΡΥΞΙΣ ΔΙΑΓΩΝΙΣΜΟΥ ΤΗΣ ΕΠΙΤΡΟΠΗΣ ΑΤΟΜΙΚΗΣ ΝΕΡΓΕΙΑΣ

ΑΘΗΝΑΙ, 26.— Ὡς ἀνεκοινώθη χθές, ἡ Κυβέρνησις ἀπεφάσισεν ὅπως ἐξετασθῆ ἐκ νέου τό ζήτημα τῶν ἐργασιῶν, αἱ ὁποῖαι θὰ ἐκτελεσθοῦν κατὰ τὸ προσεχὲς διάστημα εἰς τὴν περιοχὴν τῆς πόλεως. Κατὰ τὰς ὑπαρχούσας πληροφορίας, ἡ ἀρμοδία ὑπηρεσία ἐξήτασε τὰ σχετικὰ στοιχεῖα καὶ διετύπωσε τὰς ἀπόψεις της διὰ τὴν ταχυτέραν ἐπίλυσιν τοῦ θέματος. Ἐπίσης ἐγνώσθη ὅτι θὰ ληφθοῦν ἀποφάσεις ἐπὶ τῶν αἰτημάτων τῶν ἐνδιαφερομένων, τὰ ὁποῖα ὑπεβλήθησαν πρὸ καιροῦ εἰς τὸ ἁρμόδιον ὑπουργεῖον καὶ ἐξετάζονται ἤδη.

ΑΠΕΙΛΕΙ ΑΠΕΡΓΙΑΝ ΤΟ ΠΡΟΣΩΠΙΚΟΝ ΤΗΣ «ΟΛΥΜΠΙΑΚΗΣ»

ΑΘΗΝΑΙ, 26.— Ὡς ἀνεκοινώθη χθές, ἡ Κυβέρνησις ἀπεφάσισεν ὅπως ἐξετασθῆ ἐκ νέου τό ζήτημα τῶν ἐργασιῶν, αἱ ὁποῖαι θὰ ἐκτελεσθοῦν κατὰ τὸ προσεχὲς διάστημα εἰς τὴν περιοχὴν τῆς πόλεως. Κατὰ τὰς ὑπαρχούσας πληροφορίας, ἡ ἀρμοδία ὑπηρεσία ἐξήτασε τὰ σχετικὰ στοιχεῖα καὶ διετύπωσε τὰς ἀπόψεις της διὰ τὴν ταχυτέραν ἐπίλυσιν τοῦ θέματος. Ἐπίσης ἐγνώσθη ὅτι θὰ ληφθοῦν ἀποφάσεις ἐπὶ τῶν αἰτημάτων τῶν ἐνδιαφερομένων, τὰ ὁποῖα ὑπεβλήθησαν πρὸ καιροῦ εἰς τὸ ἁρμόδιον ὑπουργεῖον καὶ ἐξετάζονται ἤδη.

ΑΘΗΝΑΙ, 26.— Ὡς ἀνεκοινώθη χθές, ἡ Κυβέρνησις ἀπεφάσισεν ὅπως ἐξετασθῆ ἐκ νέου τό ζήτημα τῶν ἐργασιῶν, αἱ ὁποῖαι θὰ ἐκτελεσθοῦν κατὰ τὸ προσεχὲς διάστημα εἰς τὴν περιοχὴν τῆς πόλεως. Κατὰ τὰς ὑπαρχούσας πληροφορίας, ἡ ἀρμοδία ὑπηρεσία ἐξήτασε τὰ σχετικὰ στοιχεῖα καὶ διετύπωσε τὰς ἀπόψεις της διὰ τὴν ταχυτέραν ἐπίλυσιν τοῦ θέματος. Ἐπίσης ἐγνώσθη ὅτι θὰ ληφθοῦν ἀποφάσεις ἐπὶ τῶν αἰτημάτων τῶν ἐνδιαφερομένων, τὰ ὁποῖα ὑπεβλήθησαν πρὸ καιροῦ εἰς τὸ ἁρμόδιον ὑπουργεῖον καὶ ἐξετάζονται ἤδη.

ΑΘΗΝΑΙ, 26.— Ὡς ἀνεκοινώθη χθές, ἡ Κυβέρνησις ἀπεφάσισεν ὅπως ἐξετασθῆ ἐκ νέου τό ζήτημα τῶν ἐργασιῶν, αἱ ὁποῖαι θὰ ἐκτελεσθοῦν κατὰ τὸ προσεχὲς διάστημα εἰς τὴν περιοχὴν τῆς πόλεως. Κατὰ τὰς ὑπαρχούσας πληροφορίας, ἡ ἀρμοδία ὑπηρεσία ἐξήτασε τὰ σχετικὰ στοιχεῖα καὶ διετύπωσε τὰς ἀπόψεις της διὰ τὴν ταχυτέραν ἐπίλυσιν τοῦ θέματος. Ἐπίσης ἐγνώσθη ὅτι θὰ ληφθοῦν ἀποφάσεις ἐπὶ τῶν αἰτημάτων τῶν ἐνδιαφερομένων, τὰ ὁποῖα ὑπεβλήθησαν πρὸ καιροῦ εἰς τὸ ἁρμόδιον ὑπουργεῖον καὶ ἐξετάζονται ἤδη.

294 ΔΡΑΧΜ. Η ΧΡΥΣΗ ΛΙΡΑ ΕΙΣ ΤΗΝ ΘΕΣΣΑΛΟΝΙΚΗΝ ΚΑΙ 293,20 ΔΡΧ. ΕΙΣ ΑΘΗΝΑΣ

ΑΘΗΝΑΙ, 26.— Ὡς ἀνεκοινώθη χθές, ἡ Κυβέρνησις ἀπεφάσισεν ὅπως ἐξετασθῆ ἐκ νέου τό ζήτημα τῶν ἐργασιῶν, αἱ ὁποῖαι θὰ ἐκτελεσθοῦν κατὰ τὸ προσεχὲς διάστημα εἰς τὴν περιοχὴν τῆς πόλεως. Κατὰ τὰς ὑπαρχούσας πληροφορίας, ἡ ἀρμοδία ὑπηρεσία ἐξήτασε τὰ σχετικὰ στοιχεῖα καὶ διετύπωσε τὰς ἀπόψεις της διὰ τὴν ταχυτέραν ἐπίλυσιν τοῦ θέματος. Ἐπίσης ἐγνώσθη ὅτι θὰ ληφθοῦν ἀποφάσεις ἐπὶ τῶν αἰτημάτων τῶν ἐνδιαφερομένων, τὰ ὁποῖα ὑπεβλήθησαν πρὸ καιροῦ εἰς τὸ ἁρμόδιον ὑπουργεῖον καὶ ἐξετάζονται ἤδη.

ΧΡΥΣΑ ΝΟΜΙΣΜΑΤΑ
Λίρα Αγγλίας
294.50—294.00
Κόκκινες 290.50—290.00
Φράγκα	260.50—259.50
Εικοσόφραγκα 244.50—244.50
Ελβετ.	249.00—248.00
Γαλλικά 345.00—345.00
ΕΙΣ ΤΑΣ ΑΘΗΝΑΣ

ΑΘΗΝΑΙ, 26.— Ὡς ἀνεκοινώθη χθές, ἡ Κυβέρνησις ἀπεφάσισεν ὅπως ἐξετασθῆ ἐκ νέου τό ζήτημα τῶν ἐργασιῶν, αἱ ὁποῖαι θὰ ἐκτελεσθοῦν κατὰ τὸ προσεχὲς διάστημα εἰς τὴν περιοχὴν τῆς πόλεως. Κατὰ τὰς ὑπαρχούσας πληροφορίας, ἡ ἀρμοδία ὑπηρεσία ἐξήτασε τὰ σχετικὰ στοιχεῖα καὶ διετύπωσε τὰς ἀπόψεις της διὰ τὴν ταχυτέραν ἐπίλυσιν τοῦ θέματος. Ἐπίσης ἐγνώσθη ὅτι θὰ ληφθοῦν ἀποφάσεις ἐπὶ τῶν αἰτημάτων τῶν ἐνδιαφερομένων, τὰ ὁποῖα ὑπεβλήθησαν πρὸ καιροῦ εἰς τὸ ἁρμόδιον ὑπουργεῖον καὶ ἐξετάζονται ἤδη.

ΑΘΗΝΑΙ, 26.— Ὡς ἀνεκοινώθη χθές, ἡ Κυβέρνησις ἀπεφάσισεν ὅπως ἐξετασθῆ ἐκ νέου τό ζήτημα τῶν ἐργασιῶν, αἱ ὁποῖαι θὰ ἐκτελεσθοῦν κατὰ τὸ προσεχὲς διάστημα εἰς τὴν περιοχὴν τῆς πόλεως. Κατὰ τὰς ὑπαρχούσας πληροφορίας, ἡ ἀρμοδία ὑπηρεσία ἐξήτασε τὰ σχετικὰ στοιχεῖα καὶ διετύπωσε τὰς ἀπόψεις της διὰ τὴν ταχυτέραν ἐπίλυσιν τοῦ θέματος. Ἐπίσης ἐγνώσθη ὅτι θὰ ληφθοῦν ἀποφάσεις ἐπὶ τῶν αἰτημάτων τῶν ἐνδιαφερομένων, τὰ ὁποῖα ὑπεβλήθησαν πρὸ καιροῦ εἰς τὸ ἁρμόδιον ὑπουργεῖον καὶ ἐξετάζονται ἤδη.

ΑΘΗΝΑΙ, 26.— Ὡς ἀνεκοινώθη χθές, ἡ Κυβέρνησις ἀπεφάσισεν ὅπως ἐξετασθῆ ἐκ νέου τό ζήτημα τῶν ἐργασιῶν, αἱ ὁποῖαι θὰ ἐκτελεσθοῦν κατὰ τὸ προσεχὲς διάστημα εἰς τὴν περιοχὴν τῆς πόλεως. Κατὰ τὰς ὑπαρχούσας πληροφορίας, ἡ ἀρμοδία ὑπηρεσία ἐξήτασε τὰ σχετικὰ στοιχεῖα καὶ διετύπωσε τὰς ἀπόψεις της διὰ τὴν ταχυτέραν ἐπίλυσιν τοῦ θέματος. Ἐπίσης ἐγνώσθη ὅτι θὰ ληφθοῦν ἀποφάσεις ἐπὶ τῶν αἰτημάτων τῶν ἐνδιαφερομένων, τὰ ὁποῖα ὑπεβλήθησαν πρὸ καιροῦ εἰς τὸ ἁρμόδιον ὑπουργεῖον καὶ ἐξετάζονται ἤδη.

ΖΕΥΓΟΣ ΜΝΗΣΤΕΥΜΕΝΩΝ ΕΚΑΘΟΝΙΣΘΗΝ ΑΣΤΥΦΑΛΑΚΑ

ΑΘΗΝΑΙ, 26.— Ὡς ἀνεκοινώθη χθές, ἡ Κυβέρνησις ἀπεφάσισεν ὅπως ἐξετασθῆ ἐκ νέου τό ζήτημα τῶν ἐργασιῶν, αἱ ὁποῖαι θὰ ἐκτελεσθοῦν κατὰ τὸ προσεχὲς διάστημα εἰς τὴν περιοχὴν τῆς πόλεως. Κατὰ τὰς ὑπαρχούσας πληροφορίας, ἡ ἀρμοδία ὑπηρεσία ἐξήτασε τὰ σχετικὰ στοιχεῖα καὶ διετύπωσε τὰς ἀπόψεις της διὰ τὴν ταχυτέραν ἐπίλυσιν τοῦ θέματος. Ἐπίσης ἐγνώσθη ὅτι θὰ ληφθοῦν ἀποφάσεις ἐπὶ τῶν αἰτημάτων τῶν ἐνδιαφερομένων, τὰ ὁποῖα ὑπεβλήθησαν πρὸ καιροῦ εἰς τὸ ἁρμόδιον ὑπουργεῖον καὶ ἐξετάζονται ἤδη.

2.000.000 ΑΥΓΩΝ ΕΧΟΥΝ ΣΥΣΣΩΡΕΥΘΗ ΕΙΣ ΤΑ ΨΥΓΕΙΑ

ΑΘΗΝΑΙ, 26.— Ὡς ἀνεκοινώθη χθές, ἡ Κυβέρνησις ἀπεφάσισεν ὅπως ἐξετασθῆ ἐκ νέου τό ζήτημα τῶν ἐργασιῶν, αἱ ὁποῖαι θὰ ἐκτελεσθοῦν κατὰ τὸ προσεχὲς διάστημα εἰς τὴν περιοχὴν τῆς πόλεως. Κατὰ τὰς ὑπαρχούσας πληροφορίας, ἡ ἀρμοδία ὑπηρεσία ἐξήτασε τὰ σχετικὰ στοιχεῖα καὶ διετύπωσε τὰς ἀπόψεις της διὰ τὴν ταχυτέραν ἐπίλυσιν τοῦ θέματος. Ἐπίσης ἐγνώσθη ὅτι θὰ ληφθοῦν ἀποφάσεις ἐπὶ τῶν αἰτημάτων τῶν ἐνδιαφερομένων, τὰ ὁποῖα ὑπεβλήθησαν πρὸ καιροῦ εἰς τὸ ἁρμόδιον ὑπουργεῖον καὶ ἐξετάζονται ἤδη.

ΚΥΝΗΓΟΣ ΕΦΟΝΕΥΘΗ ΕΞ ΕΚΠΥΡΣΟΚΡΟΤΗΣΕΩΣ ΤΟΥ ΟΠΛΟΥ ΤΟΥ

ΑΘΗΝΑΙ, 26.— Ὡς ἀνεκοινώθη χθές, ἡ Κυβέρνησις ἀπεφάσισεν ὅπως ἐξετασθῆ ἐκ νέου τό ζήτημα τῶν ἐργασιῶν, αἱ ὁποῖαι θὰ ἐκτελεσθοῦν κατὰ τὸ προσεχὲς διάστημα εἰς τὴν περιοχὴν τῆς πόλεως. Κατὰ τὰς ὑπαρχούσας πληροφορίας, ἡ ἀρμοδία ὑπηρεσία ἐξήτασε τὰ σχετικὰ στοιχεῖα καὶ διετύπωσε τὰς ἀπόψεις της διὰ τὴν ταχυτέραν ἐπίλυσιν τοῦ θέματος. Ἐπίσης ἐγνώσθη ὅτι θὰ ληφθοῦν ἀποφάσεις ἐπὶ τῶν αἰτημάτων τῶν ἐνδιαφερομένων, τὰ ὁποῖα ὑπεβλήθησαν πρὸ καιροῦ εἰς τὸ ἁρμόδιον ὑπουργεῖον καὶ ἐξετάζονται ἤδη.

Η ΔΙΟΙΚΗΣΙΣ ΤΟΥ ΟΛΜΕ ΕΠΕΣΚΕΦΘΗ ΤΟΝ ΥΠΟΥΡΓΟΝ ΠΑΙΔΕΙΑΣ

ΑΘΗΝΑΙ, 26.— Ὡς ἀνεκοινώθη χθές, ἡ Κυβέρνησις ἀπεφάσισεν ὅπως ἐξετασθῆ ἐκ νέου τό ζήτημα τῶν ἐργασιῶν, αἱ ὁποῖαι θὰ ἐκτελεσθοῦν κατὰ τὸ προσεχὲς διάστημα εἰς τὴν περιοχὴν τῆς πόλεως. Κατὰ τὰς ὑπαρχούσας πληροφορίας, ἡ ἀρμοδία ὑπηρεσία ἐξήτασε τὰ σχετικὰ στοιχεῖα καὶ διετύπωσε τὰς ἀπόψεις της διὰ τὴν ταχυτέραν ἐπίλυσιν τοῦ θέματος. Ἐπίσης ἐγνώσθη ὅτι θὰ ληφθοῦν ἀποφάσεις ἐπὶ τῶν αἰτημάτων τῶν ἐνδιαφερομένων, τὰ ὁποῖα ὑπεβλήθησαν πρὸ καιροῦ εἰς τὸ ἁρμόδιον ὑπουργεῖον καὶ ἐξετάζονται ἤδη.

ΑΙ ΤΙΜΑΙ ΑΦΑΛΑΣΗΣ ΤΗΣ ΣΟΥΤΑΝΙΝΑΣ

ΑΘΗΝΑΙ, 26.— Ὡς ἀνεκοινώθη χθές, ἡ Κυβέρνησις ἀπεφάσισεν ὅπως ἐξετασθῆ ἐκ νέου τό ζήτημα τῶν ἐργασιῶν, αἱ ὁποῖαι θὰ ἐκτελεσθοῦν κατὰ τὸ προσεχὲς διάστημα εἰς τὴν περιοχὴν τῆς πόλεως. Κατὰ τὰς ὑπαρχούσας πληροφορίας, ἡ ἀρμοδία ὑπηρεσία ἐξήτασε τὰ σχετικὰ στοιχεῖα καὶ διετύπωσε τὰς ἀπόψεις της διὰ τὴν ταχυτέραν ἐπίλυσιν τοῦ θέματος. Ἐπίσης ἐγνώσθη ὅτι θὰ ληφθοῦν ἀποφάσεις ἐπὶ τῶν αἰτημάτων τῶν ἐνδιαφερομένων, τὰ ὁποῖα ὑπεβλήθησαν πρὸ καιροῦ εἰς τὸ ἁρμόδιον ὑπουργεῖον καὶ ἐξετάζονται ἤδη.

ΑΘΗΝΑΙ, 26.— Ὡς ἀνεκοινώθη χθές, ἡ Κυβέρνησις ἀπεφάσισεν ὅπως ἐξετασθῆ ἐκ νέου τό ζήτημα τῶν ἐργασιῶν, αἱ ὁποῖαι θὰ ἐκτελεσθοῦν κατὰ τὸ προσεχὲς διάστημα εἰς τὴν περιοχὴν τῆς πόλεως. Κατὰ τὰς ὑπαρχούσας πληροφορίας, ἡ ἀρμοδία ὑπηρεσία ἐξήτασε τὰ σχετικὰ στοιχεῖα καὶ διετύπωσε τὰς ἀπόψεις της διὰ τὴν ταχυτέραν ἐπίλυσιν τοῦ θέματος. Ἐπίσης ἐγνώσθη ὅτι θὰ ληφθοῦν ἀποφάσεις ἐπὶ τῶν αἰτημάτων τῶν ἐνδιαφερομένων, τὰ ὁποῖα ὑπεβλήθησαν πρὸ καιροῦ εἰς τὸ ἁρμόδιον ὑπουργεῖον καὶ ἐξετάζονται ἤδη.

ΑΘΗΝΑΙ, 26.— Ὡς ἀνεκοινώθη χθές, ἡ Κυβέρνησις ἀπεφάσισεν ὅπως ἐξετασθῆ ἐκ νέου τό ζήτημα τῶν ἐργασιῶν, αἱ ὁποῖαι θὰ ἐκτελεσθοῦν κατὰ τὸ προσεχὲς διάστημα εἰς τὴν περιοχὴν τῆς πόλεως. Κατὰ τὰς ὑπαρχούσας πληροφορίας, ἡ ἀρμοδία ὑπηρεσία ἐξήτασε τὰ σχετικὰ στοιχεῖα καὶ διετύπωσε τὰς ἀπόψεις της διὰ τὴν ταχυτέραν ἐπίλυσιν τοῦ θέματος. Ἐπίσης ἐγνώσθη ὅτι θὰ ληφθοῦν ἀποφάσεις ἐπὶ τῶν αἰτημάτων τῶν ἐνδιαφερομένων, τὰ ὁποῖα ὑπεβλήθησαν πρὸ καιροῦ εἰς τὸ ἁρμόδιον ὑπουργεῖον καὶ ἐξετάζονται ἤδη.

ΑΘΗΝΑΙ, 26.— Ὡς ἀνεκοινώθη χθές, ἡ Κυβέρνησις ἀπεφάσισεν ὅπως ἐξετασθῆ ἐκ νέου τό ζήτημα τῶν ἐργασιῶν, αἱ ὁποῖαι θὰ ἐκτελεσθοῦν κατὰ τὸ προσεχὲς διάστημα εἰς τὴν περιοχὴν τῆς πόλεως. Κατὰ τὰς ὑπαρχούσας πληροφορίας, ἡ ἀρμοδία ὑπηρεσία ἐξήτασε τὰ σχετικὰ στοιχεῖα καὶ διετύπωσε τὰς ἀπόψεις της διὰ τὴν ταχυτέραν ἐπίλυσιν τοῦ θέματος. Ἐπίσης ἐγνώσθη ὅτι θὰ ληφθοῦν ἀποφάσεις ἐπὶ τῶν αἰτημάτων τῶν ἐνδιαφερομένων, τὰ ὁποῖα ὑπεβλήθησαν πρὸ καιροῦ εἰς τὸ ἁρμόδιον ὑπουργεῖον καὶ ἐξετάζονται ἤδη.

Η ΕΠΑΝΕΞΕΤΑΣΙΣ ΑΠΟΡΡΙΦΘΕΝΤΩΝ ΜΑΘΗΤΩΝ

ΑΘΗΝΑΙ, 26.— Ὡς ἀνεκοινώθη χθές, ἡ Κυβέρνησις ἀπεφάσισεν ὅπως ἐξετασθῆ ἐκ νέου τό ζήτημα τῶν ἐργασιῶν, αἱ ὁποῖαι θὰ ἐκτελεσθοῦν κατὰ τὸ προσεχὲς διάστημα εἰς τὴν περιοχὴν τῆς πόλεως. Κατὰ τὰς ὑπαρχούσας πληροφορίας, ἡ ἀρμοδία ὑπηρεσία ἐξήτασε τὰ σχετικὰ στοιχεῖα καὶ διετύπωσε τὰς ἀπόψεις της διὰ τὴν ταχυτέραν ἐπίλυσιν τοῦ θέματος. Ἐπίσης ἐγνώσθη ὅτι θὰ ληφθοῦν ἀποφάσεις ἐπὶ τῶν αἰτημάτων τῶν ἐνδιαφερομένων, τὰ ὁποῖα ὑπεβλήθησαν πρὸ καιροῦ εἰς τὸ ἁρμόδιον ὑπουργεῖον καὶ ἐξετάζονται ἤδη.

ΤΥΧΗΡΟΙ ΤΟΥ ΛΑΧΕΙΟΥ ΕΙΣ ΘΕΣΣΑΛΟΝΙΚΗΝ

ΑΘΗΝΑΙ, 26.— Ὡς ἀνεκοινώθη χθές, ἡ Κυβέρνησις ἀπεφάσισεν ὅπως ἐξετασθῆ ἐκ νέου τό ζήτημα τῶν ἐργασιῶν, αἱ ὁποῖαι θὰ ἐκτελεσθοῦν κατὰ τὸ προσεχὲς διάστημα εἰς τὴν περιοχὴν τῆς πόλεως. Κατὰ τὰς ὑπαρχούσας πληροφορίας, ἡ ἀρμοδία ὑπηρεσία ἐξήτασε τὰ σχετικὰ στοιχεῖα καὶ διετύπωσε τὰς ἀπόψεις της διὰ τὴν ταχυτέραν ἐπίλυσιν τοῦ θέματος. Ἐπίσης ἐγνώσθη ὅτι θὰ ληφθοῦν ἀποφάσεις ἐπὶ τῶν αἰτημάτων τῶν ἐνδιαφερομένων, τὰ ὁποῖα ὑπεβλήθησαν πρὸ καιροῦ εἰς τὸ ἁρμόδιον ὑπουργεῖον καὶ ἐξετάζονται ἤδη.

ΠΕΣΤΡΕΨΕ Ο κ. ΦΡΑΓΚΙΣΤΑΣ

ΑΘΗΝΑΙ, 26.— Ὡς ἀνεκοινώθη χθές, ἡ Κυβέρνησις ἀπεφάσισεν ὅπως ἐξετασθῆ ἐκ νέου τό ζήτημα τῶν ἐργασιῶν, αἱ ὁποῖαι θὰ ἐκτελεσθοῦν κατὰ τὸ προσεχὲς διάστημα εἰς τὴν περιοχὴν τῆς πόλεως. Κατὰ τὰς ὑπαρχούσας πληροφορίας, ἡ ἀρμοδία ὑπηρεσία ἐξήτασε τὰ σχετικὰ στοιχεῖα καὶ διετύπωσε τὰς ἀπόψεις της διὰ τὴν ταχυτέραν ἐπίλυσιν τοῦ θέματος. Ἐπίσης ἐγνώσθη ὅτι θὰ ληφθοῦν ἀποφάσεις ἐπὶ τῶν αἰτημάτων τῶν ἐνδιαφερομένων, τὰ ὁποῖα ὑπεβλήθησαν πρὸ καιροῦ εἰς τὸ ἁρμόδιον ὑπουργεῖον καὶ ἐξετάζονται ἤδη.

ΥΠΕΓΡΑΦΗ Η ΣΥΜΒΑΣΙΣ ΠΕΡΙ ΧΟΡΗΓΗΣΕΩΣ ΔΑΝΕΙΟΥ 21.600.000 ΔΟΛΛΑΡΙΩΝ ΕΙΣ ΤΗΝ ΔΕΗ ΔΙΑ ΤΟ ΥΔΡΟΗΛΕΚΤΡΙΚΟΝ ΕΡΓΩΝ ΑΧΕΛΩΟΥ

ΑΘΗΝΑΙ, 26.— Ὡς ἀνεκοινώθη χθές, ἡ Κυβέρνησις ἀπεφάσισεν ὅπως ἐξετασθῆ ἐκ νέου τό ζήτημα τῶν ἐργασιῶν, αἱ ὁποῖαι θὰ ἐκτελεσθοῦν κατὰ τὸ προσεχὲς διάστημα εἰς τὴν περιοχὴν τῆς πόλεως. Κατὰ τὰς ὑπαρχούσας πληροφορίας, ἡ ἀρμοδία ὑπηρεσία ἐξήτασε τὰ σχετικὰ στοιχεῖα καὶ διετύπωσε τὰς ἀπόψεις της διὰ τὴν ταχυτέραν ἐπίλυσιν τοῦ θέματος. Ἐπίσης ἐγνώσθη ὅτι θὰ ληφθοῦν ἀποφάσεις ἐπὶ τῶν αἰτημάτων τῶν ἐνδιαφερομένων, τὰ ὁποῖα ὑπεβλήθησαν πρὸ καιροῦ εἰς τὸ ἁρμόδιον ὑπουργεῖον καὶ ἐξετάζονται ἤδη.

ΑΘΗΝΑΙ, 26.— Ὡς ἀνεκοινώθη χθές, ἡ Κυβέρνησις ἀπεφάσισεν ὅπως ἐξετασθῆ ἐκ νέου τό ζήτημα τῶν ἐργασιῶν, αἱ ὁποῖαι θὰ ἐκτελεσθοῦν κατὰ τὸ προσεχὲς διάστημα εἰς τὴν περιοχὴν τῆς πόλεως. Κατὰ τὰς ὑπαρχούσας πληροφορίας, ἡ ἀρμοδία ὑπηρεσία ἐξήτασε τὰ σχετικὰ στοιχεῖα καὶ διετύπωσε τὰς ἀπόψεις της διὰ τὴν ταχυτέραν ἐπίλυσιν τοῦ θέματος. Ἐπίσης ἐγνώσθη ὅτι θὰ ληφθοῦν ἀποφάσεις ἐπὶ τῶν αἰτημάτων τῶν ἐνδιαφερομένων, τὰ ὁποῖα ὑπεβλήθησαν πρὸ καιροῦ εἰς τὸ ἁρμόδιον ὑπουργεῖον καὶ ἐξετάζονται ἤδη.

Ο ΤΡΟΠΟΣ ΧΡΗΜΑΤΟΔΟΤΗΣΕΩΣ

ΑΘΗΝΑΙ, 26.— Ὡς ἀνεκοινώθη χθές, ἡ Κυβέρνησις ἀπεφάσισεν ὅπως ἐξετασθῆ ἐκ νέου τό ζήτημα τῶν ἐργασιῶν, αἱ ὁποῖαι θὰ ἐκτελεσθοῦν κατὰ τὸ προσεχὲς διάστημα εἰς τὴν περιοχὴν τῆς πόλεως. Κατὰ τὰς ὑπαρχούσας πληροφορίας, ἡ ἀρμοδία ὑπηρεσία ἐξήτασε τὰ σχετικὰ στοιχεῖα καὶ διετύπωσε τὰς ἀπόψεις της διὰ τὴν ταχυτέραν ἐπίλυσιν τοῦ θέματος. Ἐπίσης ἐγνώσθη ὅτι θὰ ληφθοῦν ἀποφάσεις ἐπὶ τῶν αἰτημάτων τῶν ἐνδιαφερομένων, τὰ ὁποῖα ὑπεβλήθησαν πρὸ καιροῦ εἰς τὸ ἁρμόδιον ὑπουργεῖον καὶ ἐξετάζονται ἤδη.

ΑΘΗΝΑΙ, 26.— Ὡς ἀνεκοινώθη χθές, ἡ Κυβέρνησις ἀπεφάσισεν ὅπως ἐξετασθῆ ἐκ νέου τό ζήτημα τῶν ἐργασιῶν, αἱ ὁποῖαι θὰ ἐκτελεσθοῦν κατὰ τὸ προσεχὲς διάστημα εἰς τὴν περιοχὴν τῆς πόλεως. Κατὰ τὰς ὑπαρχούσας πληροφορίας, ἡ ἀρμοδία ὑπηρεσία ἐξήτασε τὰ σχετικὰ στοιχεῖα καὶ διετύπωσε τὰς ἀπόψεις της διὰ τὴν ταχυτέραν ἐπίλυσιν τοῦ θέματος. Ἐπίσης ἐγνώσθη ὅτι θὰ ληφθοῦν ἀποφάσεις ἐπὶ τῶν αἰτημάτων τῶν ἐνδιαφερομένων, τὰ ὁποῖα ὑπεβλήθησαν πρὸ καιροῦ εἰς τὸ ἁρμόδιον ὑπουργεῖον καὶ ἐξετάζονται ἤδη.

ΤΡΙΤΟΝ ΕΡΓΟΝ

ΑΘΗΝΑΙ, 26.— Ὡς ἀνεκοινώθη χθές, ἡ Κυβέρνησις ἀπεφάσισεν ὅπως ἐξετασθῆ ἐκ νέου τό ζήτημα τῶν ἐργασιῶν, αἱ ὁποῖαι θὰ ἐκτελεσθοῦν κατὰ τὸ προσεχὲς διάστημα εἰς τὴν περιοχὴν τῆς πόλεως. Κατὰ τὰς ὑπαρχούσας πληροφορίας, ἡ ἀρμοδία ὑπηρεσία ἐξήτασε τὰ σχετικὰ στοιχεῖα καὶ διετύπωσε τὰς ἀπόψεις της διὰ τὴν ταχυτέραν ἐπίλυσιν τοῦ θέματος. Ἐπίσης ἐγνώσθη ὅτι θὰ ληφθοῦν ἀποφάσεις ἐπὶ τῶν αἰτημάτων τῶν ἐνδιαφερομένων, τὰ ὁποῖα ὑπεβλήθησαν πρὸ καιροῦ εἰς τὸ ἁρμόδιον ὑπουργεῖον καὶ ἐξετάζονται ἤδη.

ΑΘΗΝΑΙ, 26.— Ὡς ἀνεκοινώθη χθές, ἡ Κυβέρνησις ἀπεφάσισεν ὅπως ἐξετασθῆ ἐκ νέου τό ζήτημα τῶν ἐργασιῶν, αἱ ὁποῖαι θὰ ἐκτελεσθοῦν κατὰ τὸ προσεχὲς διάστημα εἰς τὴν περιοχὴν τῆς πόλεως. Κατὰ τὰς ὑπαρχούσας πληροφορίας, ἡ ἀρμοδία ὑπηρεσία ἐξήτασε τὰ σχετικὰ στοιχεῖα καὶ διετύπωσε τὰς ἀπόψεις της διὰ τὴν ταχυτέραν ἐπίλυσιν τοῦ θέματος. Ἐπίσης ἐγνώσθη ὅτι θὰ ληφθοῦν ἀποφάσεις ἐπὶ τῶν αἰτημάτων τῶν ἐνδιαφερομένων, τὰ ὁποῖα ὑπεβλήθησαν πρὸ καιροῦ εἰς τὸ ἁρμόδιον ὑπουργεῖον καὶ ἐξετάζονται ἤδη.

ΟΣ ΑΝΑΣΧΕΤΙΚΗ ΤΩΝ ΕΞΑΓΩΓΩΝ ΤΗΣ ΣΟΥΛΤΑΝΙΝΑΣ ΘΕΩΡΕΙΤΑΙ Η ΤΑΚΤΙΚΗ ΤΗΣ ΕΠΙΤΡΟΠΗΣ ΔΙΑΘΕΣΕΩΣ

ΑΘΗΝΑΙ, 26.— Ὡς ἀνεκοινώθη χθές, ἡ Κυβέρνησις ἀπεφάσισεν ὅπως ἐξετασθῆ ἐκ νέου τό ζήτημα τῶν ἐργασιῶν, αἱ ὁποῖαι θὰ ἐκτελεσθοῦν κατὰ τὸ προσεχὲς διάστημα εἰς τὴν περιοχὴν τῆς πόλεως. Κατὰ τὰς ὑπαρχούσας πληροφορίας, ἡ ἀρμοδία ὑπηρεσία ἐξήτασε τὰ σχετικὰ στοιχεῖα καὶ διετύπωσε τὰς ἀπόψεις της διὰ τὴν ταχυτέραν ἐπίλυσιν τοῦ θέματος. Ἐπίσης ἐγνώσθη ὅτι θὰ ληφθοῦν ἀποφάσεις ἐπὶ τῶν αἰτημάτων τῶν ἐνδιαφερομένων, τὰ ὁποῖα ὑπεβλήθησαν πρὸ καιροῦ εἰς τὸ ἁρμόδιον ὑπουργεῖον καὶ ἐξετάζονται ἤδη.

ΑΘΗΝΑΙ, 26.— Ὡς ἀνεκοινώθη χθές, ἡ Κυβέρνησις ἀπεφάσισεν ὅπως ἐξετασθῆ ἐκ νέου τό ζήτημα τῶν ἐργασιῶν, αἱ ὁποῖαι θὰ ἐκτελεσθοῦν κατὰ τὸ προσεχὲς διάστημα εἰς τὴν περιοχὴν τῆς πόλεως. Κατὰ τὰς ὑπαρχούσας πληροφορίας, ἡ ἀρμοδία ὑπηρεσία ἐξήτασε τὰ σχετικὰ στοιχεῖα καὶ διετύπωσε τὰς ἀπόψεις της διὰ τὴν ταχυτέραν ἐπίλυσιν τοῦ θέματος. Ἐπίσης ἐγνώσθη ὅτι θὰ ληφθοῦν ἀποφάσεις ἐπὶ τῶν αἰτημάτων τῶν ἐνδιαφερομένων, τὰ ὁποῖα ὑπεβλήθησαν πρὸ καιροῦ εἰς τὸ ἁρμόδιον ὑπουργεῖον καὶ ἐξετάζονται ἤδη.

ΑΘΗΝΑΙ, 26.— Ὡς ἀνεκοινώθη χθές, ἡ Κυβέρνησις ἀπεφάσισεν ὅπως ἐξετασθῆ ἐκ νέου τό ζήτημα τῶν ἐργασιῶν, αἱ ὁποῖαι θὰ ἐκτελεσθοῦν κατὰ τὸ προσεχὲς διάστημα εἰς τὴν περιοχὴν τῆς πόλεως. Κατὰ τὰς ὑπαρχούσας πληροφορίας, ἡ ἀρμοδία ὑπηρεσία ἐξήτασε τὰ σχετικὰ στοιχεῖα καὶ διετύπωσε τὰς ἀπόψεις της διὰ τὴν ταχυτέραν ἐπίλυσιν τοῦ θέματος. Ἐπίσης ἐγνώσθη ὅτι θὰ ληφθοῦν ἀποφάσεις ἐπὶ τῶν αἰτημάτων τῶν ἐνδιαφερομένων, τὰ ὁποῖα ὑπεβλήθησαν πρὸ καιροῦ εἰς τὸ ἁρμόδιον ὑπουργεῖον καὶ ἐξετάζονται ἤδη.

ΑΘΗΝΑΙ, 26.— Ὡς ἀνεκοινώθη χθές, ἡ Κυβέρνησις ἀπεφάσισεν ὅπως ἐξετασθῆ ἐκ νέου τό ζήτημα τῶν ἐργασιῶν, αἱ ὁποῖαι θὰ ἐκτελεσθοῦν κατὰ τὸ προσεχὲς διάστημα εἰς τὴν περιοχὴν τῆς πόλεως. Κατὰ τὰς ὑπαρχούσας πληροφορίας, ἡ ἀρμοδία ὑπηρεσία ἐξήτασε τὰ σχετικὰ στοιχεῖα καὶ διετύπωσε τὰς ἀπόψεις της διὰ τὴν ταχυτέραν ἐπίλυσιν τοῦ θέματος. Ἐπίσης ἐγνώσθη ὅτι θὰ ληφθοῦν ἀποφάσεις ἐπὶ τῶν αἰτημάτων τῶν ἐνδιαφερομένων, τὰ ὁποῖα ὑπεβλήθησαν πρὸ καιροῦ εἰς τὸ ἁρμόδιον ὑπουργεῖον καὶ ἐξετάζονται ἤδη.

Η ΟΛΟΜΕΛΕΙΑ ΤΟΥ ΕΜΠΟΡΙΚΟΥ ΕΠΙΜΕΛΗΤΗΡΙΟΥ ΑΘΗΝΩΝ ΘΕΩΡΕΙ ΑΣΤΟΧΟΥΣ ΤΑΣ ΚΥΒΕΡΝΗΤΙΚΑΣ ΠΑΡΕΜΒΑΣΕΙΣ

ΑΘΗΝΑΙ, 26.— Ὡς ἀνεκοινώθη χθές, ἡ Κυβέρνησις ἀπεφάσισεν ὅπως ἐξετασθῆ ἐκ νέου τό ζήτημα τῶν ἐργασιῶν, αἱ ὁποῖαι θὰ ἐκτελεσθοῦν κατὰ τὸ προσεχὲς διάστημα εἰς τὴν περιοχὴν τῆς πόλεως. Κατὰ τὰς ὑπαρχούσας πληροφορίας, ἡ ἀρμοδία ὑπηρεσία ἐξήτασε τὰ σχετικὰ στοιχεῖα καὶ διετύπωσε τὰς ἀπόψεις της διὰ τὴν ταχυτέραν ἐπίλυσιν τοῦ θέματος. Ἐπίσης ἐγνώσθη ὅτι θὰ ληφθοῦν ἀποφάσεις ἐπὶ τῶν αἰτημάτων τῶν ἐνδιαφερομένων, τὰ ὁποῖα ὑπεβλήθησαν πρὸ καιροῦ εἰς τὸ ἁρμόδιον ὑπουργεῖον καὶ ἐξετάζονται ἤδη.

ΑΘΗΝΑΙ, 26.— Ὡς ἀνεκοινώθη χθές, ἡ Κυβέρνησις ἀπεφάσισεν ὅπως ἐξετασθῆ ἐκ νέου τό ζήτημα τῶν ἐργασιῶν, αἱ ὁποῖαι θὰ ἐκτελεσθοῦν κατὰ τὸ προσεχὲς διάστημα εἰς τὴν περιοχὴν τῆς πόλεως. Κατὰ τὰς ὑπαρχούσας πληροφορίας, ἡ ἀρμοδία ὑπηρεσία ἐξήτασε τὰ σχετικὰ στοιχεῖα καὶ διετύπωσε τὰς ἀπόψεις της διὰ τὴν ταχυτέραν ἐπίλυσιν τοῦ θέματος. Ἐπίσης ἐγνώσθη ὅτι θὰ ληφθοῦν ἀποφάσεις ἐπὶ τῶν αἰτημάτων τῶν ἐνδιαφερομένων, τὰ ὁποῖα ὑπεβλήθησαν πρὸ καιροῦ εἰς τὸ ἁρμόδιον ὑπουργεῖον καὶ ἐξετάζονται ἤδη.

ΑΦΗΡΕΣΑΝ 3.470 ΔΡΑΧΜΑΣ ΑΠΟ ΤΡΕΙΣ ΑΥΣΤΡΙΑΚΟΥΣ ΕΚ ΤΟΥ ΑΥΤΟΚΙΝΗΤΟΥ ΤΩΝ ΠΑΡΑ ΤΟ ΚΑΜΠΙΓΚ «ΧΑΡΑ»

ΑΘΗΝΑΙ, 26.— Ὡς ἀνεκοινώθη χθές, ἡ Κυβέρνησις ἀπεφάσισεν ὅπως ἐξετασθῆ ἐκ νέου τό ζήτημα τῶν ἐργασιῶν, αἱ ὁποῖαι θὰ ἐκτελεσθοῦν κατὰ τὸ προσεχὲς διάστημα εἰς τὴν περιοχὴν τῆς πόλεως. Κατὰ τὰς ὑπαρχούσας πληροφορίας, ἡ ἀρμοδία ὑπηρεσία ἐξήτασε τὰ σχετικὰ στοιχεῖα καὶ διετύπωσε τὰς ἀπόψεις της διὰ τὴν ταχυτέραν ἐπίλυσιν τοῦ θέματος. Ἐπίσης ἐγνώσθη ὅτι θὰ ληφθοῦν ἀποφάσεις ἐπὶ τῶν αἰτημάτων τῶν ἐνδιαφερομένων, τὰ ὁποῖα ὑπεβλήθησαν πρὸ καιροῦ εἰς τὸ ἁρμόδιον ὑπουργεῖον καὶ ἐξετάζονται ἤδη.

ΑΘΗΝΑΙ, 26.— Ὡς ἀνεκοινώθη χθές, ἡ Κυβέρνησις ἀπεφάσισεν ὅπως ἐξετασθῆ ἐκ νέου τό ζήτημα τῶν ἐργασιῶν, αἱ ὁποῖαι θὰ ἐκτελεσθοῦν κατὰ τὸ προσεχὲς διάστημα εἰς τὴν περιοχὴν τῆς πόλεως. Κατὰ τὰς ὑπαρχούσας πληροφορίας, ἡ ἀρμοδία ὑπηρεσία ἐξήτασε τὰ σχετικὰ στοιχεῖα καὶ διετύπωσε τὰς ἀπόψεις της διὰ τὴν ταχυτέραν ἐπίλυσιν τοῦ θέματος. Ἐπίσης ἐγνώσθη ὅτι θὰ ληφθοῦν ἀποφάσεις ἐπὶ τῶν αἰτημάτων τῶν ἐνδιαφερομένων, τὰ ὁποῖα ὑπεβλήθησαν πρὸ καιροῦ εἰς τὸ ἁρμόδιον ὑπουργεῖον καὶ ἐξετάζονται ἤδη.

ΩΡΟΛΟΓΟΠΟΙΟΣ ΕΠΕΧΕΙΡΗΣΕ ΝΑ ΠΩΛΗΣΗ ΔΥΟ ΧΡΥΣΑ ΕΝΩΤΙΑ ΤΟΥ 4ου Π.Χ. ΑΙΩΝΟΣ

ΑΘΗΝΑΙ, 26.— Ὡς ἀνεκοινώθη χθές, ἡ Κυβέρνησις ἀπεφάσισεν ὅπως ἐξετασθῆ ἐκ νέου τό ζήτημα τῶν ἐργασιῶν, αἱ ὁποῖαι θὰ ἐκτελεσθοῦν κατὰ τὸ προσεχὲς διάστημα εἰς τὴν περιοχὴν τῆς πόλεως. Κατὰ τὰς ὑπαρχούσας πληροφορίας, ἡ ἀρμοδία ὑπηρεσία ἐξήτασε τὰ σχετικὰ στοιχεῖα καὶ διετύπωσε τὰς ἀπόψεις της διὰ τὴν ταχυτέραν ἐπίλυσιν τοῦ θέματος. Ἐπίσης ἐγνώσθη ὅτι θὰ ληφθοῦν ἀποφάσεις ἐπὶ τῶν αἰτημάτων τῶν ἐνδιαφερομένων, τὰ ὁποῖα ὑπεβλήθησαν πρὸ καιροῦ εἰς τὸ ἁρμόδιον ὑπουργεῖον καὶ ἐξετάζονται ἤδη.

ΑΘΗΝΑΙ, 26.— Ὡς ἀνεκοινώθη χθές, ἡ Κυβέρνησις ἀπεφάσισεν ὅπως ἐξετασθῆ ἐκ νέου τό ζήτημα τῶν ἐργασιῶν, αἱ ὁποῖαι θὰ ἐκτελεσθοῦν κατὰ τὸ προσεχὲς διάστημα εἰς τὴν περιοχὴν τῆς πόλεως. Κατὰ τὰς ὑπαρχούσας πληροφορίας, ἡ ἀρμοδία ὑπηρεσία ἐξήτασε τὰ σχετικὰ στοιχεῖα καὶ διετύπωσε τὰς ἀπόψεις της διὰ τὴν ταχυτέραν ἐπίλυσιν τοῦ θέματος. Ἐπίσης ἐγνώσθη ὅτι θὰ ληφθοῦν ἀποφάσεις ἐπὶ τῶν αἰτημάτων τῶν ἐνδιαφερομένων, τὰ ὁποῖα ὑπεβλήθησαν πρὸ καιροῦ εἰς τὸ ἁρμόδιον ὑπουργεῖον καὶ ἐξετάζονται ἤδη.

ΣΑΤΥΡΟΣ ΠΡΟΕΒΗ ΕΙΣ ΑΝΗΘΙΚΟΥΣ ΠΡΟΤΑΣΕΙΣ ΕΙΣ ΒΑΡΟΣ 49 ΠΑΙΔΙΩΝ ΕΙΣ ΤΗΝ ΚΑΛΥΜΝΟΝ

ΑΘΗΝΑΙ, 26.— Ὡς ἀνεκοινώθη χθές, ἡ Κυβέρνησις ἀπεφάσισεν ὅπως ἐξετασθῆ ἐκ νέου τό ζήτημα τῶν ἐργασιῶν, αἱ ὁποῖαι θὰ ἐκτελεσθοῦν κατὰ τὸ προσεχὲς διάστημα εἰς τὴν περιοχὴν τῆς πόλεως. Κατὰ τὰς ὑπαρχούσας πληροφορίας, ἡ ἀρμοδία ὑπηρεσία ἐξήτασε τὰ σχετικὰ στοιχεῖα καὶ διετύπωσε τὰς ἀπόψεις της διὰ τὴν ταχυτέραν ἐπίλυσιν τοῦ θέματος. Ἐπίσης ἐγνώσθη ὅτι θὰ ληφθοῦν ἀποφάσεις ἐπὶ τῶν αἰτημάτων τῶν ἐνδιαφερομένων, τὰ ὁποῖα ὑπεβλήθησαν πρὸ καιροῦ εἰς τὸ ἁρμόδιον ὑπουργεῖον καὶ ἐξετάζονται ἤδη.

ΑΘΗΝΑΙ, 26.— Ὡς ἀνεκοινώθη χθές, ἡ Κυβέρνησις ἀπεφάσισεν ὅπως ἐξετασθῆ ἐκ νέου τό ζήτημα τῶν ἐργασιῶν, αἱ ὁποῖαι θὰ ἐκτελεσθοῦν κατὰ τὸ προσεχὲς διάστημα εἰς τὴν περιοχὴν τῆς πόλεως. Κατὰ τὰς ὑπαρχούσας πληροφορίας, ἡ ἀρμοδία ὑπηρεσία ἐξήτασε τὰ σχετικὰ στοιχεῖα καὶ διετύπωσε τὰς ἀπόψεις της διὰ τὴν ταχυτέραν ἐπίλυσιν τοῦ θέματος. Ἐπίσης ἐγνώσθη ὅτι θὰ ληφθοῦν ἀποφάσεις ἐπὶ τῶν αἰτημάτων τῶν ἐνδιαφερομένων, τὰ ὁποῖα ὑπεβλήθησαν πρὸ καιροῦ εἰς τὸ ἁρμόδιον ὑπουργεῖον καὶ ἐξετάζονται ἤδη.

ΝΤΟΠΑΡΙΣΜΑ ΙΠΠΩΝ ΕΙΣ ΤΟΝ ΙΠΠΟΔΡΟΜΟΝ ΕΓΙΝΕΤΟ ΕΚ ΣΥΣΤΗΜΑΤΟΣ ΑΠΟ ΟΚΤΑΜΗΝΟΥ

ΑΘΗΝΑΙ, 26.— Ὡς ἀνεκοινώθη χθές, ἡ Κυβέρνησις ἀπεφάσισεν ὅπως ἐξετασθῆ ἐκ νέου τό ζήτημα τῶν ἐργασιῶν, αἱ ὁποῖαι θὰ ἐκτελεσθοῦν κατὰ τὸ προσεχὲς διάστημα εἰς τὴν περιοχὴν τῆς πόλεως. Κατὰ τὰς ὑπαρχούσας πληροφορίας, ἡ ἀρμοδία ὑπηρεσία ἐξήτασε τὰ σχετικὰ στοιχεῖα καὶ διετύπωσε τὰς ἀπόψεις της διὰ τὴν ταχυτέραν ἐπίλυσιν τοῦ θέματος. Ἐπίσης ἐγνώσθη ὅτι θὰ ληφθοῦν ἀποφάσεις ἐπὶ τῶν αἰτημάτων τῶν ἐνδιαφερομένων, τὰ ὁποῖα ὑπεβλήθησαν πρὸ καιροῦ εἰς τὸ ἁρμόδιον ὑπουργεῖον καὶ ἐξετάζονται ἤδη.

ΑΘΗΝΑΙ, 26.— Ὡς ἀνεκοινώθη χθές, ἡ Κυβέρνησις ἀπεφάσισεν ὅπως ἐξετασθῆ ἐκ νέου τό ζήτημα τῶν ἐργασιῶν, αἱ ὁποῖαι θὰ ἐκτελεσθοῦν κατὰ τὸ προσεχὲς διάστημα εἰς τὴν περιοχὴν τῆς πόλεως. Κατὰ τὰς ὑπαρχούσας πληροφορίας, ἡ ἀρμοδία ὑπηρεσία ἐξήτασε τὰ σχετικὰ στοιχεῖα καὶ διετύπωσε τὰς ἀπόψεις της διὰ τὴν ταχυτέραν ἐπίλυσιν τοῦ θέματος. Ἐπίσης ἐγνώσθη ὅτι θὰ ληφθοῦν ἀποφάσεις ἐπὶ τῶν αἰτημάτων τῶν ἐνδιαφερομένων, τὰ ὁποῖα ὑπεβλήθησαν πρὸ καιροῦ εἰς τὸ ἁρμόδιον ὑπουργεῖον καὶ ἐξετάζονται ἤδη.

ΟΙ ΚΕΡΔΙΖΟΝΤΕΣ ΑΡΙΘΜΟΙ ΤΟΥ ΛΑΪΚΟΥ ΛΑΧΕΙΟΥ

ΑΘΗΝΑΙ, 26.— Ὡς ἀνεκοινώθη χθές, ἡ Κυβέρνησις ἀπεφάσισεν ὅπως ἐξετασθῆ ἐκ νέου τό ζήτημα τῶν ἐργασιῶν, αἱ ὁποῖαι θὰ ἐκτελεσθοῦν κατὰ τὸ προσεχὲς διάστημα εἰς τὴν περιοχὴν τῆς πόλεως. Κατὰ τὰς ὑπαρχούσας πληροφορίας, ἡ ἀρμοδία ὑπηρεσία ἐξήτασε τὰ σχετικὰ στοιχεῖα καὶ διετύπωσε τὰς ἀπόψεις της διὰ τὴν ταχυτέραν ἐπίλυσιν τοῦ θέματος. Ἐπίσης ἐγνώσθη ὅτι θὰ ληφθοῦν ἀποφάσεις ἐπὶ τῶν αἰτημάτων τῶν ἐνδιαφερομένων, τὰ ὁποῖα ὑπεβλήθησαν πρὸ καιροῦ εἰς τὸ ἁρμόδιον ὑπουργεῖον καὶ ἐξετάζονται ἤδη.

άριθμοί  3092  10535  10985
31336  17906  18715  19002
22111  22188  26080  26538
28186  29563  32554  41231
43644  45225  49263  56523
56161  59180  62034  64497
66158  66247  66467  70054
74778  75093  79907  79994
Ἀνὰ 1.000 δρχ. κερδίζουν
2447   6625  10443  24344
3192  11061  14966  22418
11284  11603  17664  20143
20498  21247  22301  25508
27311  32488  38153  38584
40761  43759  44210  49319
54103  54193  57044  57116
57869  65007  67260  67449
72013  72646  72776  74757
74096  76041  77159  77187
79408  77442  75251
Ἀνὰ 40 δρχ. κερδίζουν πάντες
οἱ λήγοντες εἰς 6

ΑΘΗΝΑΙ, 26.— Ὡς ἀνεκοινώθη χθές, ἡ Κυβέρνησις ἀπεφάσισεν ὅπως ἐξετασθῆ ἐκ νέου τό ζήτημα τῶν ἐργασιῶν, αἱ ὁποῖαι θὰ ἐκτελεσθοῦν κατὰ τὸ προσεχὲς διάστημα εἰς τὴν περιοχὴν τῆς πόλεως. Κατὰ τὰς ὑπαρχούσας πληροφορίας, ἡ ἀρμοδία ὑπηρεσία ἐξήτασε τὰ σχετικὰ στοιχεῖα καὶ διετύπωσε τὰς ἀπόψεις της διὰ τὴν ταχυτέραν ἐπίλυσιν τοῦ θέματος. Ἐπίσης ἐγνώσθη ὅτι θὰ ληφθοῦν ἀποφάσεις ἐπὶ τῶν αἰτημάτων τῶν ἐνδιαφερομένων, τὰ ὁποῖα ὑπεβλήθησαν πρὸ καιροῦ εἰς τὸ ἁρμόδιον ὑπουργεῖον καὶ ἐξετάζονται ἤδη.

ΑΘΗΝΑΙ, 26.— Ὡς ἀνεκοινώθη χθές, ἡ Κυβέρνησις ἀπεφάσισεν ὅπως ἐξετασθῆ ἐκ νέου τό ζήτημα τῶν ἐργασιῶν, αἱ ὁποῖαι θὰ ἐκτελεσθοῦν κατὰ τὸ προσεχὲς διάστημα εἰς τὴν περιοχὴν τῆς πόλεως. Κατὰ τὰς ὑπαρχούσας πληροφορίας, ἡ ἀρμοδία ὑπηρεσία ἐξήτασε τὰ σχετικὰ στοιχεῖα καὶ διετύπωσε τὰς ἀπόψεις της διὰ τὴν ταχυτέραν ἐπίλυσιν τοῦ θέματος. Ἐπίσης ἐγνώσθη ὅτι θὰ ληφθοῦν ἀποφάσεις ἐπὶ τῶν αἰτημάτων τῶν ἐνδιαφερομένων, τὰ ὁποῖα ὑπεβλήθησαν πρὸ καιροῦ εἰς τὸ ἁρμόδιον ὑπουργεῖον καὶ ἐξετάζονται ἤδη.

ΝΕΑΙ ΚΑΤΑΓΓΕΛΙΑΙ ΑΠΕΚΑΛΥΦΘΗΣΑΝ ΕΙΣ ΤΗΝ ΣΟΒΙΕΤ. ΕΝΩΣΙΝ

ΑΘΗΝΑΙ, 26.— Ὡς ἀνεκοινώθη χθές, ἡ Κυβέρνησις ἀπεφάσισεν ὅπως ἐξετασθῆ ἐκ νέου τό ζήτημα τῶν ἐργασιῶν, αἱ ὁποῖαι θὰ ἐκτελεσθοῦν κατὰ τὸ προσεχὲς διάστημα εἰς τὴν περιοχὴν τῆς πόλεως. Κατὰ τὰς ὑπαρχούσας πληροφορίας, ἡ ἀρμοδία ὑπηρεσία ἐξήτασε τὰ σχετικὰ στοιχεῖα καὶ διετύπωσε τὰς ἀπόψεις της διὰ τὴν ταχυτέραν ἐπίλυσιν τοῦ θέματος. Ἐπίσης ἐγνώσθη ὅτι θὰ ληφθοῦν ἀποφάσεις ἐπὶ τῶν αἰτημάτων τῶν ἐνδιαφερομένων, τὰ ὁποῖα ὑπεβλήθησαν πρὸ καιροῦ εἰς τὸ ἁρμόδιον ὑπουργεῖον καὶ ἐξετάζονται ἤδη.

ΔΙΑΡΡΟΗ ΚΑΥΣΙΜΩΝ ΠΑΡΟΥΣΙΑΣΘΗ ΣΤΟΝ ΠΥΡΑΥΛΟΙ «ΤΙΤΑΝ»

ΑΘΗΝΑΙ, 26.— Ὡς ἀνεκοινώθη χθές, ἡ Κυβέρνησις ἀπεφάσισεν ὅπως ἐξετασθῆ ἐκ νέου τό ζήτημα τῶν ἐργασιῶν, αἱ ὁποῖαι θὰ ἐκτελεσθοῦν κατὰ τὸ προσεχὲς διάστημα εἰς τὴν περιοχὴν τῆς πόλεως. Κατὰ τὰς ὑπαρχούσας πληροφορίας, ἡ ἀρμοδία ὑπηρεσία ἐξήτασε τὰ σχετικὰ στοιχεῖα καὶ διετύπωσε τὰς ἀπόψεις της διὰ τὴν ταχυτέραν ἐπίλυσιν τοῦ θέματος. Ἐπίσης ἐγνώσθη ὅτι θὰ ληφθοῦν ἀποφάσεις ἐπὶ τῶν αἰτημάτων τῶν ἐνδιαφερομένων, τὰ ὁποῖα ὑπεβλήθησαν πρὸ καιροῦ εἰς τὸ ἁρμόδιον ὑπουργεῖον καὶ ἐξετάζονται ἤδη.

ΚΑΤΕΣΤΑΛΗ ΚΙΝΗΜΑ ΕΙΣ ΤΗΝ ΕΠΑΡΧΙΑΝ ΚΙΒΟΥ ΤΟΥ ΚΟΓΚΟ

ΑΘΗΝΑΙ, 26.— Ὡς ἀνεκοινώθη χθές, ἡ Κυβέρνησις ἀπεφάσισεν ὅπως ἐξετασθῆ ἐκ νέου τό ζήτημα τῶν ἐργασιῶν, αἱ ὁποῖαι θὰ ἐκτελεσθοῦν κατὰ τὸ προσεχὲς διάστημα εἰς τὴν περιοχὴν τῆς πόλεως. Κατὰ τὰς ὑπαρχούσας πληροφορίας, ἡ ἀρμοδία ὑπηρεσία ἐξήτασε τὰ σχετικὰ στοιχεῖα καὶ διετύπωσε τὰς ἀπόψεις της διὰ τὴν ταχυτέραν ἐπίλυσιν τοῦ θέματος. Ἐπίσης ἐγνώσθη ὅτι θὰ ληφθοῦν ἀποφάσεις ἐπὶ τῶν αἰτημάτων τῶν ἐνδιαφερομένων, τὰ ὁποῖα ὑπεβλήθησαν πρὸ καιροῦ εἰς τὸ ἁρμόδιον ὑπουργεῖον καὶ ἐξετάζονται ἤδη.

ΕΙΣ 5 ΔΙΣΕΚ. ΡΟΥΒΛΙΑ ΑΝΕΡΧΟΝΤΑΙ ΑΙ ΡΩΣΙΚΑΙ ΕΞΑΓΩΓΑΙ

ΑΘΗΝΑΙ, 26.— Ὡς ἀνεκοινώθη χθές, ἡ Κυβέρνησις ἀπεφάσισεν ὅπως ἐξετασθῆ ἐκ νέου τό ζήτημα τῶν ἐργασιῶν, αἱ ὁποῖαι θὰ ἐκτελεσθοῦν κατὰ τὸ προσεχὲς διάστημα εἰς τὴν περιοχὴν τῆς πόλεως. Κατὰ τὰς ὑπαρχούσας πληροφορίας, ἡ ἀρμοδία ὑπηρεσία ἐξήτασε τὰ σχετικὰ στοιχεῖα καὶ διετύπωσε τὰς ἀπόψεις της διὰ τὴν ταχυτέραν ἐπίλυσιν τοῦ θέματος. Ἐπίσης ἐγνώσθη ὅτι θὰ ληφθοῦν ἀποφάσεις ἐπὶ τῶν αἰτημάτων τῶν ἐνδιαφερομένων, τὰ ὁποῖα ὑπεβλήθησαν πρὸ καιροῦ εἰς τὸ ἁρμόδιον ὑπουργεῖον καὶ ἐξετάζονται ἤδη.

ΤΑ ΑΦΡΟΔΙΣΙΑ ΕΞΑΠΛΟΥΝΤΑΙ ΕΙΣ ΚΩΝΣΤΑΝΤΙΝΟΥΠΟΛΙΝ

ΑΘΗΝΑΙ, 26.— Ὡς ἀνεκοινώθη χθές, ἡ Κυβέρνησις ἀπεφάσισεν ὅπως ἐξετασθῆ ἐκ νέου τό ζήτημα τῶν ἐργασιῶν, αἱ ὁποῖαι θὰ ἐκτελεσθοῦν κατὰ τὸ προσεχὲς διάστημα εἰς τὴν περιοχὴν τῆς πόλεως. Κατὰ τὰς ὑπαρχούσας πληροφορίας, ἡ ἀρμοδία ὑπηρεσία ἐξήτασε τὰ σχετικὰ στοιχεῖα καὶ διετύπωσε τὰς ἀπόψεις της διὰ τὴν ταχυτέραν ἐπίλυσιν τοῦ θέματος. Ἐπίσης ἐγνώσθη ὅτι θὰ ληφθοῦν ἀποφάσεις ἐπὶ τῶν αἰτημάτων τῶν ἐνδιαφερομένων, τὰ ὁποῖα ὑπεβλήθησαν πρὸ καιροῦ εἰς τὸ ἁρμόδιον ὑπουργεῖον καὶ ἐξετάζονται ἤδη.

Η ΓΑΛΛΙΑ ΑΥΞΑΝΕΙ ΤΑΣ ΑΜΥΝΤΙΚΑΣ ΔΑΠΑΝΑΣ ΤΗΣ

ΑΘΗΝΑΙ, 26.— Ὡς ἀνεκοινώθη χθές, ἡ Κυβέρνησις ἀπεφάσισεν ὅπως ἐξετασθῆ ἐκ νέου τό ζήτημα τῶν ἐργασιῶν, αἱ ὁποῖαι θὰ ἐκτελεσθοῦν κατὰ τὸ προσεχὲς διάστημα εἰς τὴν περιοχὴν τῆς πόλεως. Κατὰ τὰς ὑπαρχούσας πληροφορίας, ἡ ἀρμοδία ὑπηρεσία ἐξήτασε τὰ σχετικὰ στοιχεῖα καὶ διετύπωσε τὰς ἀπόψεις της διὰ τὴν ταχυτέραν ἐπίλυσιν τοῦ θέματος. Ἐπίσης ἐγνώσθη ὅτι θὰ ληφθοῦν ἀποφάσεις ἐπὶ τῶν αἰτημάτων τῶν ἐνδιαφερομένων, τὰ ὁποῖα ὑπεβλήθησαν πρὸ καιροῦ εἰς τὸ ἁρμόδιον ὑπουργεῖον καὶ ἐξετάζονται ἤδη.

ΝΕΑΙ ΣΥΛΛΗΨΕΙΣ ΕΠΑΝΑΣΤΑΤΩΝ ΕΙΣ ΤΟΥΡΚΙΑΝ

ΑΘΗΝΑΙ, 26.— Ὡς ἀνεκοινώθη χθές, ἡ Κυβέρνησις ἀπεφάσισεν ὅπως ἐξετασθῆ ἐκ νέου τό ζήτημα τῶν ἐργασιῶν, αἱ ὁποῖαι θὰ ἐκτελεσθοῦν κατὰ τὸ προσεχὲς διάστημα εἰς τὴν περιοχὴν τῆς πόλεως. Κατὰ τὰς ὑπαρχούσας πληροφορίας, ἡ ἀρμοδία ὑπηρεσία ἐξήτασε τὰ σχετικὰ στοιχεῖα καὶ διετύπωσε τὰς ἀπόψεις της διὰ τὴν ταχυτέραν ἐπίλυσιν τοῦ θέματος. Ἐπίσης ἐγνώσθη ὅτι θὰ ληφθοῦν ἀποφάσεις ἐπὶ τῶν αἰτημάτων τῶν ἐνδιαφερομένων, τὰ ὁποῖα ὑπεβλήθησαν πρὸ καιροῦ εἰς τὸ ἁρμόδιον ὑπουργεῖον καὶ ἐξετάζονται ἤδη.

ΑΙ ΤΑΡΑΧΑΙ ΣΥΝΕΧΙΖΟΝΤΑΙ ΕΙΣ ΚΟΛΟΜΒΙΑΝ

ΑΘΗΝΑΙ, 26.— Ὡς ἀνεκοινώθη χθές, ἡ Κυβέρνησις ἀπεφάσισεν ὅπως ἐξετασθῆ ἐκ νέου τό ζήτημα τῶν ἐργασιῶν, αἱ ὁποῖαι θὰ ἐκτελεσθοῦν κατὰ τὸ προσεχὲς διάστημα εἰς τὴν περιοχὴν τῆς πόλεως. Κατὰ τὰς ὑπαρχούσας πληροφορίας, ἡ ἀρμοδία ὑπηρεσία ἐξήτασε τὰ σχετικὰ στοιχεῖα καὶ διετύπωσε τὰς ἀπόψεις της διὰ τὴν ταχυτέραν ἐπίλυσιν τοῦ θέματος. Ἐπίσης ἐγνώσθη ὅτι θὰ ληφθοῦν ἀποφάσεις ἐπὶ τῶν αἰτημάτων τῶν ἐνδιαφερομένων, τὰ ὁποῖα ὑπεβλήθησαν πρὸ καιροῦ εἰς τὸ ἁρμόδιον ὑπουργεῖον καὶ ἐξετάζονται ἤδη.

ΕΤΡΑΠΗΣΑΝ ΔΙΑ ΡΟΠΑΛΟΥ ΤΩΝ ΣΥΓΚΑΤΟΙΚΩΝ ΤΟΥ

ΑΘΗΝΑΙ, 26.— Ὡς ἀνεκοινώθη χθές, ἡ Κυβέρνησις ἀπεφάσισεν ὅπως ἐξετασθῆ ἐκ νέου τό ζήτημα τῶν ἐργασιῶν, αἱ ὁποῖαι θὰ ἐκτελεσθοῦν κατὰ τὸ προσεχὲς διάστημα εἰς τὴν περιοχὴν τῆς πόλεως. Κατὰ τὰς ὑπαρχούσας πληροφορίας, ἡ ἀρμοδία ὑπηρεσία ἐξήτασε τὰ σχετικὰ στοιχεῖα καὶ διετύπωσε τὰς ἀπόψεις της διὰ τὴν ταχυτέραν ἐπίλυσιν τοῦ θέματος. Ἐπίσης ἐγνώσθη ὅτι θὰ ληφθοῦν ἀποφάσεις ἐπὶ τῶν αἰτημάτων τῶν ἐνδιαφερομένων, τὰ ὁποῖα ὑπεβλήθησαν πρὸ καιροῦ εἰς τὸ ἁρμόδιον ὑπουργεῖον καὶ ἐξετάζονται ἤδη.

ΥΠΕΣΤΗΣΑΝ ΕΓΚΑΥΜΑΤΑ

ΑΘΗΝΑΙ, 26.— Ὡς ἀνεκοινώθη χθές, ἡ Κυβέρνησις ἀπεφάσισεν ὅπως ἐξετασθῆ ἐκ νέου τό ζήτημα τῶν ἐργασιῶν, αἱ ὁποῖαι θὰ ἐκτελεσθοῦν κατὰ τὸ προσεχὲς διάστημα εἰς τὴν περιοχὴν τῆς πόλεως. Κατὰ τὰς ὑπαρχούσας πληροφορίας, ἡ ἀρμοδία ὑπηρεσία ἐξήτασε τὰ σχετικὰ στοιχεῖα καὶ διετύπωσε τὰς ἀπόψεις της διὰ τὴν ταχυτέραν ἐπίλυσιν τοῦ θέματος. Ἐπίσης ἐγνώσθη ὅτι θὰ ληφθοῦν ἀποφάσεις ἐπὶ τῶν αἰτημάτων τῶν ἐνδιαφερομένων, τὰ ὁποῖα ὑπεβλήθησαν πρὸ καιροῦ εἰς τὸ ἁρμόδιον ὑπουργεῖον καὶ ἐξετάζονται ἤδη.

ΗΔΙΑΦΘΕΤΗΘΗ Η ΣΟΡΑΓΙΑ

ΑΘΗΝΑΙ, 26.— Ὡς ἀνεκοινώθη χθές, ἡ Κυβέρνησις ἀπεφάσισεν ὅπως ἐξετασθῆ ἐκ νέου τό ζήτημα τῶν ἐργασιῶν, αἱ ὁποῖαι θὰ ἐκτελεσθοῦν κατὰ τὸ προσεχὲς διάστημα εἰς τὴν περιοχὴν τῆς πόλεως. Κατὰ τὰς ὑπαρχούσας πληροφορίας, ἡ ἀρμοδία ὑπηρεσία ἐξήτασε τὰ σχετικὰ στοιχεῖα καὶ διετύπωσε τὰς ἀπόψεις της διὰ τὴν ταχυτέραν ἐπίλυσιν τοῦ θέματος. Ἐπίσης ἐγνώσθη ὅτι θὰ ληφθοῦν ἀποφάσεις ἐπὶ τῶν αἰτημάτων τῶν ἐνδιαφερομένων, τὰ ὁποῖα ὑπεβλήθησαν πρὸ καιροῦ εἰς τὸ ἁρμόδιον ὑπουργεῖον καὶ ἐξετάζονται ἤδη.

Ο ΔΡ ΧΟΥ' Σ ΑΣΘΕΝΕΙ

ΑΘΗΝΑΙ, 26.— Ὡς ἀνεκοινώθη χθές, ἡ Κυβέρνησις ἀπεφάσισεν ὅπως ἐξετασθῆ ἐκ νέου τό ζήτημα τῶν ἐργασιῶν, αἱ ὁποῖαι θὰ ἐκτελεσθοῦν κατὰ τὸ προσεχὲς διάστημα εἰς τὴν περιοχὴν τῆς πόλεως. Κατὰ τὰς ὑπαρχούσας πληροφορίας, ἡ ἀρμοδία ὑπηρεσία ἐξήτασε τὰ σχετικὰ στοιχεῖα καὶ διετύπωσε τὰς ἀπόψεις της διὰ τὴν ταχυτέραν ἐπίλυσιν τοῦ θέματος. Ἐπίσης ἐγνώσθη ὅτι θὰ ληφθοῦν ἀποφάσεις ἐπὶ τῶν αἰτημάτων τῶν ἐνδιαφερομένων, τὰ ὁποῖα ὑπεβλήθησαν πρὸ καιροῦ εἰς τὸ ἁρμόδιον ὑπουργεῖον καὶ ἐξετάζονται ἤδη.

ΕΛΗΞΑΝ ΑΙ ΣΥΝΟΜΙΛΙΑΙ ΑΙΓΥΠΤΟΥ – ΙΡΑΚ ΧΩΡΙΣ ΝΑ ΣΗΜΕΙΩΘΗ ΘΕΤΙΚΗ ΠΡΟΟΔΟΣ ΕΙΣ ΤΟ ΖΗΤΗΜΑ ΤΗΣ ΑΡΑΒΙΚΗΣ ΕΝΟΤΗΤΟΣ

ΑΘΗΝΑΙ, 26.— Ὡς ἀνεκοινώθη χθές, ἡ Κυβέρνησις ἀπεφάσισεν ὅπως ἐξετασθῆ ἐκ νέου τό ζήτημα τῶν ἐργασιῶν, αἱ ὁποῖαι θὰ ἐκτελεσθοῦν κατὰ τὸ προσεχὲς διάστημα εἰς τὴν περιοχὴν τῆς πόλεως. Κατὰ τὰς ὑπαρχούσας πληροφορίας, ἡ ἀρμοδία ὑπηρεσία ἐξήτασε τὰ σχετικὰ στοιχεῖα καὶ διετύπωσε τὰς ἀπόψεις της διὰ τὴν ταχυτέραν ἐπίλυσιν τοῦ θέματος. Ἐπίσης ἐγνώσθη ὅτι θὰ ληφθοῦν ἀποφάσεις ἐπὶ τῶν αἰτημάτων τῶν ἐνδιαφερομένων, τὰ ὁποῖα ὑπεβλήθησαν πρὸ καιροῦ εἰς τὸ ἁρμόδιον ὑπουργεῖον καὶ ἐξετάζονται ἤδη.

ΑΘΗΝΑΙ, 26.— Ὡς ἀνεκοινώθη χθές, ἡ Κυβέρνησις ἀπεφάσισεν ὅπως ἐξετασθῆ ἐκ νέου τό ζήτημα τῶν ἐργασιῶν, αἱ ὁποῖαι θὰ ἐκτελεσθοῦν κατὰ τὸ προσεχὲς διάστημα εἰς τὴν περιοχὴν τῆς πόλεως. Κατὰ τὰς ὑπαρχούσας πληροφορίας, ἡ ἀρμοδία ὑπηρεσία ἐξήτασε τὰ σχετικὰ στοιχεῖα καὶ διετύπωσε τὰς ἀπόψεις της διὰ τὴν ταχυτέραν ἐπίλυσιν τοῦ θέματος. Ἐπίσης ἐγνώσθη ὅτι θὰ ληφθοῦν ἀποφάσεις ἐπὶ τῶν αἰτημάτων τῶν ἐνδιαφερομένων, τὰ ὁποῖα ὑπεβλήθησαν πρὸ καιροῦ εἰς τὸ ἁρμόδιον ὑπουργεῖον καὶ ἐξετάζονται ἤδη.

ΑΘΗΝΑΙ, 26.— Ὡς ἀνεκοινώθη χθές, ἡ Κυβέρνησις ἀπεφάσισεν ὅπως ἐξετασθῆ ἐκ νέου τό ζήτημα τῶν ἐργασιῶν, αἱ ὁποῖαι θὰ ἐκτελεσθοῦν κατὰ τὸ προσεχὲς διάστημα εἰς τὴν περιοχὴν τῆς πόλεως. Κατὰ τὰς ὑπαρχούσας πληροφορίας, ἡ ἀρμοδία ὑπηρεσία ἐξήτασε τὰ σχετικὰ στοιχεῖα καὶ διετύπωσε τὰς ἀπόψεις της διὰ τὴν ταχυτέραν ἐπίλυσιν τοῦ θέματος. Ἐπίσης ἐγνώσθη ὅτι θὰ ληφθοῦν ἀποφάσεις ἐπὶ τῶν αἰτημάτων τῶν ἐνδιαφερομένων, τὰ ὁποῖα ὑπεβλήθησαν πρὸ καιροῦ εἰς τὸ ἁρμόδιον ὑπουργεῖον καὶ ἐξετάζονται ἤδη.

Ο ΑΡΕΦ ΕΙΣ ΔΑΜΑΣΚΟΝ

ΑΘΗΝΑΙ, 26.— Ὡς ἀνεκοινώθη χθές, ἡ Κυβέρνησις ἀπεφάσισεν ὅπως ἐξετασθῆ ἐκ νέου τό ζήτημα τῶν ἐργασιῶν, αἱ ὁποῖαι θὰ ἐκτελεσθοῦν κατὰ τὸ προσεχὲς διάστημα εἰς τὴν περιοχὴν τῆς πόλεως. Κατὰ τὰς ὑπαρχούσας πληροφορίας, ἡ ἀρμοδία ὑπηρεσία ἐξήτασε τὰ σχετικὰ στοιχεῖα καὶ διετύπωσε τὰς ἀπόψεις της διὰ τὴν ταχυτέραν ἐπίλυσιν τοῦ θέματος. Ἐπίσης ἐγνώσθη ὅτι θὰ ληφθοῦν ἀποφάσεις ἐπὶ τῶν αἰτημάτων τῶν ἐνδιαφερομένων, τὰ ὁποῖα ὑπεβλήθησαν πρὸ καιροῦ εἰς τὸ ἁρμόδιον ὑπουργεῖον καὶ ἐξετάζονται ἤδη.

Ο ΝΑΣΣΕΡ ΘΑ ΕΠΙΣΚΕΦΘΗ ΤΟ ΙΡΑΚ

ΑΘΗΝΑΙ, 26.— Ὡς ἀνεκοινώθη χθές, ἡ Κυβέρνησις ἀπεφάσισεν ὅπως ἐξετασθῆ ἐκ νέου τό ζήτημα τῶν ἐργασιῶν, αἱ ὁποῖαι θὰ ἐκτελεσθοῦν κατὰ τὸ προσεχὲς διάστημα εἰς τὴν περιοχὴν τῆς πόλεως. Κατὰ τὰς ὑπαρχούσας πληροφορίας, ἡ ἀρμοδία ὑπηρεσία ἐξήτασε τὰ σχετικὰ στοιχεῖα καὶ διετύπωσε τὰς ἀπόψεις της διὰ τὴν ταχυτέραν ἐπίλυσιν τοῦ θέματος. Ἐπίσης ἐγνώσθη ὅτι θὰ ληφθοῦν ἀποφάσεις ἐπὶ τῶν αἰτημάτων τῶν ἐνδιαφερομένων, τὰ ὁποῖα ὑπεβλήθησαν πρὸ καιροῦ εἰς τὸ ἁρμόδιον ὑπουργεῖον καὶ ἐξετάζονται ἤδη.

ΕΠΙΚΕΙΤΑΙ Η ΝΕΑ ΕΚΤΟΞΕΥΣΙΣ ΘΑΛΑΜΙΣΚΟΥ ΠΡΟΣ ΠΡΟΠΑΡΑΣΚΕΥΗΝ ΤΗΣ ΑΠΟΣΤΟΛΗΣ ΑΜΕΡΙΚΑΝΩΝ ΑΣΤΡΟΝΑΥΤΩΝ ΕΙΣ ΣΕΛΗΝΗΝ

ΑΘΗΝΑΙ, 26.— Ὡς ἀνεκοινώθη χθές, ἡ Κυβέρνησις ἀπεφάσισεν ὅπως ἐξετασθῆ ἐκ νέου τό ζήτημα τῶν ἐργασιῶν, αἱ ὁποῖαι θὰ ἐκτελεσθοῦν κατὰ τὸ προσεχὲς διάστημα εἰς τὴν περιοχὴν τῆς πόλεως. Κατὰ τὰς ὑπαρχούσας πληροφορίας, ἡ ἀρμοδία ὑπηρεσία ἐξήτασε τὰ σχετικὰ στοιχεῖα καὶ διετύπωσε τὰς ἀπόψεις της διὰ τὴν ταχυτέραν ἐπίλυσιν τοῦ θέματος. Ἐπίσης ἐγνώσθη ὅτι θὰ ληφθοῦν ἀποφάσεις ἐπὶ τῶν αἰτημάτων τῶν ἐνδιαφερομένων, τὰ ὁποῖα ὑπεβλήθησαν πρὸ καιροῦ εἰς τὸ ἁρμόδιον ὑπουργεῖον καὶ ἐξετάζονται ἤδη.

ΑΘΗΝΑΙ, 26.— Ὡς ἀνεκοινώθη χθές, ἡ Κυβέρνησις ἀπεφάσισεν ὅπως ἐξετασθῆ ἐκ νέου τό ζήτημα τῶν ἐργασιῶν, αἱ ὁποῖαι θὰ ἐκτελεσθοῦν κατὰ τὸ προσεχὲς διάστημα εἰς τὴν περιοχὴν τῆς πόλεως. Κατὰ τὰς ὑπαρχούσας πληροφορίας, ἡ ἀρμοδία ὑπηρεσία ἐξήτασε τὰ σχετικὰ στοιχεῖα καὶ διετύπωσε τὰς ἀπόψεις της διὰ τὴν ταχυτέραν ἐπίλυσιν τοῦ θέματος. Ἐπίσης ἐγνώσθη ὅτι θὰ ληφθοῦν ἀποφάσεις ἐπὶ τῶν αἰτημάτων τῶν ἐνδιαφερομένων, τὰ ὁποῖα ὑπεβλήθησαν πρὸ καιροῦ εἰς τὸ ἁρμόδιον ὑπουργεῖον καὶ ἐξετάζονται ἤδη.

ΒΟΥΛΓΑΡΙΚΟΝ ΦΑΡΜΑΚΟΝ ΚΑΤΑ ΤΗΣ ΠΟΛΙΟΜΥΕΛΙΤΙΔΟΣ ΘΕΡΑΠΕΥΕΙ ΚΑΙ ΠΑΘΗΣΕΙΣ ΤΟΥ ΝΕΥΡΙΚΟΥ ΣΥΣΤΗΜΑΤΟΣ

ΑΘΗΝΑΙ, 26.— Ὡς ἀνεκοινώθη χθές, ἡ Κυβέρνησις ἀπεφάσισεν ὅπως ἐξετασθῆ ἐκ νέου τό ζήτημα τῶν ἐργασιῶν, αἱ ὁποῖαι θὰ ἐκτελεσθοῦν κατὰ τὸ προσεχὲς διάστημα εἰς τὴν περιοχὴν τῆς πόλεως. Κατὰ τὰς ὑπαρχούσας πληροφορίας, ἡ ἀρμοδία ὑπηρεσία ἐξήτασε τὰ σχετικὰ στοιχεῖα καὶ διετύπωσε τὰς ἀπόψεις της διὰ τὴν ταχυτέραν ἐπίλυσιν τοῦ θέματος. Ἐπίσης ἐγνώσθη ὅτι θὰ ληφθοῦν ἀποφάσεις ἐπὶ τῶν αἰτημάτων τῶν ἐνδιαφερομένων, τὰ ὁποῖα ὑπεβλήθησαν πρὸ καιροῦ εἰς τὸ ἁρμόδιον ὑπουργεῖον καὶ ἐξετάζονται ἤδη.

ΑΘΗΝΑΙ, 26.— Ὡς ἀνεκοινώθη χθές, ἡ Κυβέρνησις ἀπεφάσισεν ὅπως ἐξετασθῆ ἐκ νέου τό ζήτημα τῶν ἐργασιῶν, αἱ ὁποῖαι θὰ ἐκτελεσθοῦν κατὰ τὸ προσεχὲς διάστημα εἰς τὴν περιοχὴν τῆς πόλεως. Κατὰ τὰς ὑπαρχούσας πληροφορίας, ἡ ἀρμοδία ὑπηρεσία ἐξήτασε τὰ σχετικὰ στοιχεῖα καὶ διετύπωσε τὰς ἀπόψεις της διὰ τὴν ταχυτέραν ἐπίλυσιν τοῦ θέματος. Ἐπίσης ἐγνώσθη ὅτι θὰ ληφθοῦν ἀποφάσεις ἐπὶ τῶν αἰτημάτων τῶν ἐνδιαφερομένων, τὰ ὁποῖα ὑπεβλήθησαν πρὸ καιροῦ εἰς τὸ ἁρμόδιον ὑπουργεῖον καὶ ἐξετάζονται ἤδη.

ΜΕΤΑΝΟΗΣΑΝΤΕΣ ΑΝΑΤΟΛΙΚΟΓΕΡΜΑΝΟΙ ΦΥΓΑΔΕΣ ΕΠΙΣΤΡΕΦΟΥΝ ΕΙΣ ΤΑΣ ΟΙΚΙΑΣ ΤΩΝ ΕΙΣ ΒΕΡΟΛΙΝΟΝ

ΑΘΗΝΑΙ, 26.— Ὡς ἀνεκοινώθη χθές, ἡ Κυβέρνησις ἀπεφάσισεν ὅπως ἐξετασθῆ ἐκ νέου τό ζήτημα τῶν ἐργασιῶν, αἱ ὁποῖαι θὰ ἐκτελεσθοῦν κατὰ τὸ προσεχὲς διάστημα εἰς τὴν περιοχὴν τῆς πόλεως. Κατὰ τὰς ὑπαρχούσας πληροφορίας, ἡ ἀρμοδία ὑπηρεσία ἐξήτασε τὰ σχετικὰ στοιχεῖα καὶ διετύπωσε τὰς ἀπόψεις της διὰ τὴν ταχυτέραν ἐπίλυσιν τοῦ θέματος. Ἐπίσης ἐγνώσθη ὅτι θὰ ληφθοῦν ἀποφάσεις ἐπὶ τῶν αἰτημάτων τῶν ἐνδιαφερομένων, τὰ ὁποῖα ὑπεβλήθησαν πρὸ καιροῦ εἰς τὸ ἁρμόδιον ὑπουργεῖον καὶ ἐξετάζονται ἤδη.

ΑΘΗΝΑΙ, 26.— Ὡς ἀνεκοινώθη χθές, ἡ Κυβέρνησις ἀπεφάσισεν ὅπως ἐξετασθῆ ἐκ νέου τό ζήτημα τῶν ἐργασιῶν, αἱ ὁποῖαι θὰ ἐκτελεσθοῦν κατὰ τὸ προσεχὲς διάστημα εἰς τὴν περιοχὴν τῆς πόλεως. Κατὰ τὰς ὑπαρχούσας πληροφορίας, ἡ ἀρμοδία ὑπηρεσία ἐξήτασε τὰ σχετικὰ στοιχεῖα καὶ διετύπωσε τὰς ἀπόψεις της διὰ τὴν ταχυτέραν ἐπίλυσιν τοῦ θέματος. Ἐπίσης ἐγνώσθη ὅτι θὰ ληφθοῦν ἀποφάσεις ἐπὶ τῶν αἰτημάτων τῶν ἐνδιαφερομένων, τὰ ὁποῖα ὑπεβλήθησαν πρὸ καιροῦ εἰς τὸ ἁρμόδιον ὑπουργεῖον καὶ ἐξετάζονται ἤδη.

ΟΙ ΚΙΝΕΖΟΙ ΑΓΝΟΟΥΝ ΤΑ ΡΩΣΙΚΑ ΕΠΙΤΕΥΓΜΑΤΑ ΚΑΙ ΤΟΝΙΖΟΥΝ ΤΑΣ ΕΚΤΕΛΕΣΕΙΣ ΕΓΚΛΗΜΑΤΙΩΝ

ΑΘΗΝΑΙ, 26.— Ὡς ἀνεκοινώθη χθές, ἡ Κυβέρνησις ἀπεφάσισεν ὅπως ἐξετασθῆ ἐκ νέου τό ζήτημα τῶν ἐργασιῶν, αἱ ὁποῖαι θὰ ἐκτελεσθοῦν κατὰ τὸ προσεχὲς διάστημα εἰς τὴν περιοχὴν τῆς πόλεως. Κατὰ τὰς ὑπαρχούσας πληροφορίας, ἡ ἀρμοδία ὑπηρεσία ἐξήτασε τὰ σχετικὰ στοιχεῖα καὶ διετύπωσε τὰς ἀπόψεις της διὰ τὴν ταχυτέραν ἐπίλυσιν τοῦ θέματος. Ἐπίσης ἐγνώσθη ὅτι θὰ ληφθοῦν ἀποφάσεις ἐπὶ τῶν αἰτημάτων τῶν ἐνδιαφερομένων, τὰ ὁποῖα ὑπεβλήθησαν πρὸ καιροῦ εἰς τὸ ἁρμόδιον ὑπουργεῖον καὶ ἐξετάζονται ἤδη.

ΑΘΗΝΑΙ, 26.— Ὡς ἀνεκοινώθη χθές, ἡ Κυβέρνησις ἀπεφάσισεν ὅπως ἐξετασθῆ ἐκ νέου τό ζήτημα τῶν ἐργασιῶν, αἱ ὁποῖαι θὰ ἐκτελεσθοῦν κατὰ τὸ προσεχὲς διάστημα εἰς τὴν περιοχὴν τῆς πόλεως. Κατὰ τὰς ὑπαρχούσας πληροφορίας, ἡ ἀρμοδία ὑπηρεσία ἐξήτασε τὰ σχετικὰ στοιχεῖα καὶ διετύπωσε τὰς ἀπόψεις της διὰ τὴν ταχυτέραν ἐπίλυσιν τοῦ θέματος. Ἐπίσης ἐγνώσθη ὅτι θὰ ληφθοῦν ἀποφάσεις ἐπὶ τῶν αἰτημάτων τῶν ἐνδιαφερομένων, τὰ ὁποῖα ὑπεβλήθησαν πρὸ καιροῦ εἰς τὸ ἁρμόδιον ὑπουργεῖον καὶ ἐξετάζονται ἤδη.

ΔΥΟ ΑΜΕΡΙΚΑΝΙΚΑ ΦΟΡΤΗΓΑ ΣΥΝΕΚΡΟΥΣΘΗΣΑΝ ΣΥΝΕΠΕΙΑ ΤΗΣ ΕΠΙΚΡΑΤΟΥΣΗΣ ΠΥΚΝΗΣ ΟΜΙΧΛΗΣ

ΑΘΗΝΑΙ, 26.— Ὡς ἀνεκοινώθη χθές, ἡ Κυβέρνησις ἀπεφάσισεν ὅπως ἐξετασθῆ ἐκ νέου τό ζήτημα τῶν ἐργασιῶν, αἱ ὁποῖαι θὰ ἐκτελεσθοῦν κατὰ τὸ προσεχὲς διάστημα εἰς τὴν περιοχὴν τῆς πόλεως. Κατὰ τὰς ὑπαρχούσας πληροφορίας, ἡ ἀρμοδία ὑπηρεσία ἐξήτασε τὰ σχετικὰ στοιχεῖα καὶ διετύπωσε τὰς ἀπόψεις της διὰ τὴν ταχυτέραν ἐπίλυσιν τοῦ θέματος. Ἐπίσης ἐγνώσθη ὅτι θὰ ληφθοῦν ἀποφάσεις ἐπὶ τῶν αἰτημάτων τῶν ἐνδιαφερομένων, τὰ ὁποῖα ὑπεβλήθησαν πρὸ καιροῦ εἰς τὸ ἁρμόδιον ὑπουργεῖον καὶ ἐξετάζονται ἤδη.

ΑΘΗΝΑΙ, 26.— Ὡς ἀνεκοινώθη χθές, ἡ Κυβέρνησις ἀπεφάσισεν ὅπως ἐξετασθῆ ἐκ νέου τό ζήτημα τῶν ἐργασιῶν, αἱ ὁποῖαι θὰ ἐκτελεσθοῦν κατὰ τὸ προσεχὲς διάστημα εἰς τὴν περιοχὴν τῆς πόλεως. Κατὰ τὰς ὑπαρχούσας πληροφορίας, ἡ ἀρμοδία ὑπηρεσία ἐξήτασε τὰ σχετικὰ στοιχεῖα καὶ διετύπωσε τὰς ἀπόψεις της διὰ τὴν ταχυτέραν ἐπίλυσιν τοῦ θέματος. Ἐπίσης ἐγνώσθη ὅτι θὰ ληφθοῦν ἀποφάσεις ἐπὶ τῶν αἰτημάτων τῶν ἐνδιαφερομένων, τὰ ὁποῖα ὑπεβλήθησαν πρὸ καιροῦ εἰς τὸ ἁρμόδιον ὑπουργεῖον καὶ ἐξετάζονται ἤδη.

ΕΙΣ ΤΟ ΤΕΡΜΑ ΤΩΝ ΠΛΕΟΝ ΑΙ ΔΙΑΠΡΑΓΜΑΤΕΥΣΕΙΣ ΠΡΟΣ ΑΠΕΛΕΥΘΕΡΩΣΙΝ ΤΩΝ ΜΙΤΖΕΝΤΥ ΚΑΙ ΜΠΕΡΑΝ

ΑΘΗΝΑΙ, 26.— Ὡς ἀνεκοινώθη χθές, ἡ Κυβέρνησις ἀπεφάσισεν ὅπως ἐξετασθῆ ἐκ νέου τό ζήτημα τῶν ἐργασιῶν, αἱ ὁποῖαι θὰ ἐκτελεσθοῦν κατὰ τὸ προσεχὲς διάστημα εἰς τὴν περιοχὴν τῆς πόλεως. Κατὰ τὰς ὑπαρχούσας πληροφορίας, ἡ ἀρμοδία ὑπηρεσία ἐξήτασε τὰ σχετικὰ στοιχεῖα καὶ διετύπωσε τὰς ἀπόψεις της διὰ τὴν ταχυτέραν ἐπίλυσιν τοῦ θέματος. Ἐπίσης ἐγνώσθη ὅτι θὰ ληφθοῦν ἀποφάσεις ἐπὶ τῶν αἰτημάτων τῶν ἐνδιαφερομένων, τὰ ὁποῖα ὑπεβλήθησαν πρὸ καιροῦ εἰς τὸ ἁρμόδιον ὑπουργεῖον καὶ ἐξετάζονται ἤδη.

ΑΘΗΝΑΙ, 26.— Ὡς ἀνεκοινώθη χθές, ἡ Κυβέρνησις ἀπεφάσισεν ὅπως ἐξετασθῆ ἐκ νέου τό ζήτημα τῶν ἐργασιῶν, αἱ ὁποῖαι θὰ ἐκτελεσθοῦν κατὰ τὸ προσεχὲς διάστημα εἰς τὴν περιοχὴν τῆς πόλεως. Κατὰ τὰς ὑπαρχούσας πληροφορίας, ἡ ἀρμοδία ὑπηρεσία ἐξήτασε τὰ σχετικὰ στοιχεῖα καὶ διετύπωσε τὰς ἀπόψεις της διὰ τὴν ταχυτέραν ἐπίλυσιν τοῦ θέματος. Ἐπίσης ἐγνώσθη ὅτι θὰ ληφθοῦν ἀποφάσεις ἐπὶ τῶν αἰτημάτων τῶν ἐνδιαφερομένων, τὰ ὁποῖα ὑπεβλήθησαν πρὸ καιροῦ εἰς τὸ ἁρμόδιον ὑπουργεῖον καὶ ἐξετάζονται ἤδη.

ΑΙ ΣΥΝΟΜΙΛΙΑΙ ΤΩΝ Κ.Κ. ΚΡΟΥΣΤΣΕΦ – ΤΙΤΟ ΚΑΛΥΠΤΟΝΤΑΙ ΥΠΟ ΑΚΡΑΣ ΜΥΣΤΙΚΟΤΗΤΟΣ
ΣΥΝΕΧΕΙΑ

ΑΘΗΝΑΙ, 26.— Ὡς ἀνεκοινώθη χθές, ἡ Κυβέρνησις ἀπεφάσισεν ὅπως ἐξετασθῆ ἐκ νέου τό ζήτημα τῶν ἐργασιῶν, αἱ ὁποῖαι θὰ ἐκτελεσθοῦν κατὰ τὸ προσεχὲς διάστημα εἰς τὴν περιοχὴν τῆς πόλεως. Κατὰ τὰς ὑπαρχούσας πληροφορίας, ἡ ἀρμοδία ὑπηρεσία ἐξήτασε τὰ σχετικὰ στοιχεῖα καὶ διετύπωσε τὰς ἀπόψεις της διὰ τὴν ταχυτέραν ἐπίλυσιν τοῦ θέματος. Ἐπίσης ἐγνώσθη ὅτι θὰ ληφθοῦν ἀποφάσεις ἐπὶ τῶν αἰτημάτων τῶν ἐνδιαφερομένων, τὰ ὁποῖα ὑπεβλήθησαν πρὸ καιροῦ εἰς τὸ ἁρμόδιον ὑπουργεῖον καὶ ἐξετάζονται ἤδη.

ΑΘΗΝΑΙ, 26.— Ὡς ἀνεκοινώθη χθές, ἡ Κυβέρνησις ἀπεφάσισεν ὅπως ἐξετασθῆ ἐκ νέου τό ζήτημα τῶν ἐργασιῶν, αἱ ὁποῖαι θὰ ἐκτελεσθοῦν κατὰ τὸ προσεχὲς διάστημα εἰς τὴν περιοχὴν τῆς πόλεως. Κατὰ τὰς ὑπαρχούσας πληροφορίας, ἡ ἀρμοδία ὑπηρεσία ἐξήτασε τὰ σχετικὰ στοιχεῖα καὶ διετύπωσε τὰς ἀπόψεις της διὰ τὴν ταχυτέραν ἐπίλυσιν τοῦ θέματος. Ἐπίσης ἐγνώσθη ὅτι θὰ ληφθοῦν ἀποφάσεις ἐπὶ τῶν αἰτημάτων τῶν ἐνδιαφερομένων, τὰ ὁποῖα ὑπεβλήθησαν πρὸ καιροῦ εἰς τὸ ἁρμόδιον ὑπουργεῖον καὶ ἐξετάζονται ἤδη.

ΠΙΘΑΝΗΣ ΚΑΤΑΤΟΠΙΣΙΣ

ΑΘΗΝΑΙ, 26.— Ὡς ἀνεκοινώθη χθές, ἡ Κυβέρνησις ἀπεφάσισεν ὅπως ἐξετασθῆ ἐκ νέου τό ζήτημα τῶν ἐργασιῶν, αἱ ὁποῖαι θὰ ἐκτελεσθοῦν κατὰ τὸ προσεχὲς διάστημα εἰς τὴν περιοχὴν τῆς πόλεως. Κατὰ τὰς ὑπαρχούσας πληροφορίας, ἡ ἀρμοδία ὑπηρεσία ἐξήτασε τὰ σχετικὰ στοιχεῖα καὶ διετύπωσε τὰς ἀπόψεις της διὰ τὴν ταχυτέραν ἐπίλυσιν τοῦ θέματος. Ἐπίσης ἐγνώσθη ὅτι θὰ ληφθοῦν ἀποφάσεις ἐπὶ τῶν αἰτημάτων τῶν ἐνδιαφερομένων, τὰ ὁποῖα ὑπεβλήθησαν πρὸ καιροῦ εἰς τὸ ἁρμόδιον ὑπουργεῖον καὶ ἐξετάζονται ἤδη.

ΑΘΗΝΑΙ, 26.— Ὡς ἀνεκοινώθη χθές, ἡ Κυβέρνησις ἀπεφάσισεν ὅπως ἐξετασθῆ ἐκ νέου τό ζήτημα τῶν ἐργασιῶν, αἱ ὁποῖαι θὰ ἐκτελεσθοῦν κατὰ τὸ προσεχὲς διάστημα εἰς τὴν περιοχὴν τῆς πόλεως. Κατὰ τὰς ὑπαρχούσας πληροφορίας, ἡ ἀρμοδία ὑπηρεσία ἐξήτασε τὰ σχετικὰ στοιχεῖα καὶ διετύπωσε τὰς ἀπόψεις της διὰ τὴν ταχυτέραν ἐπίλυσιν τοῦ θέματος. Ἐπίσης ἐγνώσθη ὅτι θὰ ληφθοῦν ἀποφάσεις ἐπὶ τῶν αἰτημάτων τῶν ἐνδιαφερομένων, τὰ ὁποῖα ὑπεβλήθησαν πρὸ καιροῦ εἰς τὸ ἁρμόδιον ὑπουργεῖον καὶ ἐξετάζονται ἤδη.

ΕΞΗΤΗΣ ΔΙΑΒΕΒΑΙΩΣΕΙΣ

ΑΘΗΝΑΙ, 26.— Ὡς ἀνεκοινώθη χθές, ἡ Κυβέρνησις ἀπεφάσισεν ὅπως ἐξετασθῆ ἐκ νέου τό ζήτημα τῶν ἐργασιῶν, αἱ ὁποῖαι θὰ ἐκτελεσθοῦν κατὰ τὸ προσεχὲς διάστημα εἰς τὴν περιοχὴν τῆς πόλεως. Κατὰ τὰς ὑπαρχούσας πληροφορίας, ἡ ἀρμοδία ὑπηρεσία ἐξήτασε τὰ σχετικὰ στοιχεῖα καὶ διετύπωσε τὰς ἀπόψεις της διὰ τὴν ταχυτέραν ἐπίλυσιν τοῦ θέματος. Ἐπίσης ἐγνώσθη ὅτι θὰ ληφθοῦν ἀποφάσεις ἐπὶ τῶν αἰτημάτων τῶν ἐνδιαφερομένων, τὰ ὁποῖα ὑπεβλήθησαν πρὸ καιροῦ εἰς τὸ ἁρμόδιον ὑπουργεῖον καὶ ἐξετάζονται ἤδη.

ΡΟΝΑΛΝΤ ΦΑΡΚΟΥΑΡ
ΠΡΟΣΚΛΗΣΙΣ Ο ΜΑΡΑΘΩΝΑ

ΑΘΗΝΑΙ, 26.— Ὡς ἀνεκοινώθη χθές, ἡ Κυβέρνησις ἀπεφάσισεν ὅπως ἐξετασθῆ ἐκ νέου τό ζήτημα τῶν ἐργασιῶν, αἱ ὁποῖαι θὰ ἐκτελεσθοῦν κατὰ τὸ προσεχὲς διάστημα εἰς τὴν περιοχὴν τῆς πόλεως. Κατὰ τὰς ὑπαρχούσας πληροφορίας, ἡ ἀρμοδία ὑπηρεσία ἐξήτασε τὰ σχετικὰ στοιχεῖα καὶ διετύπωσε τὰς ἀπόψεις της διὰ τὴν ταχυτέραν ἐπίλυσιν τοῦ θέματος. Ἐπίσης ἐγνώσθη ὅτι θὰ ληφθοῦν ἀποφάσεις ἐπὶ τῶν αἰτημάτων τῶν ἐνδιαφερομένων, τὰ ὁποῖα ὑπεβλήθησαν πρὸ καιροῦ εἰς τὸ ἁρμόδιον ὑπουργεῖον καὶ ἐξετάζονται ἤδη.

ΧΕΝΡΥ ΣΑΠΙΡΟ
